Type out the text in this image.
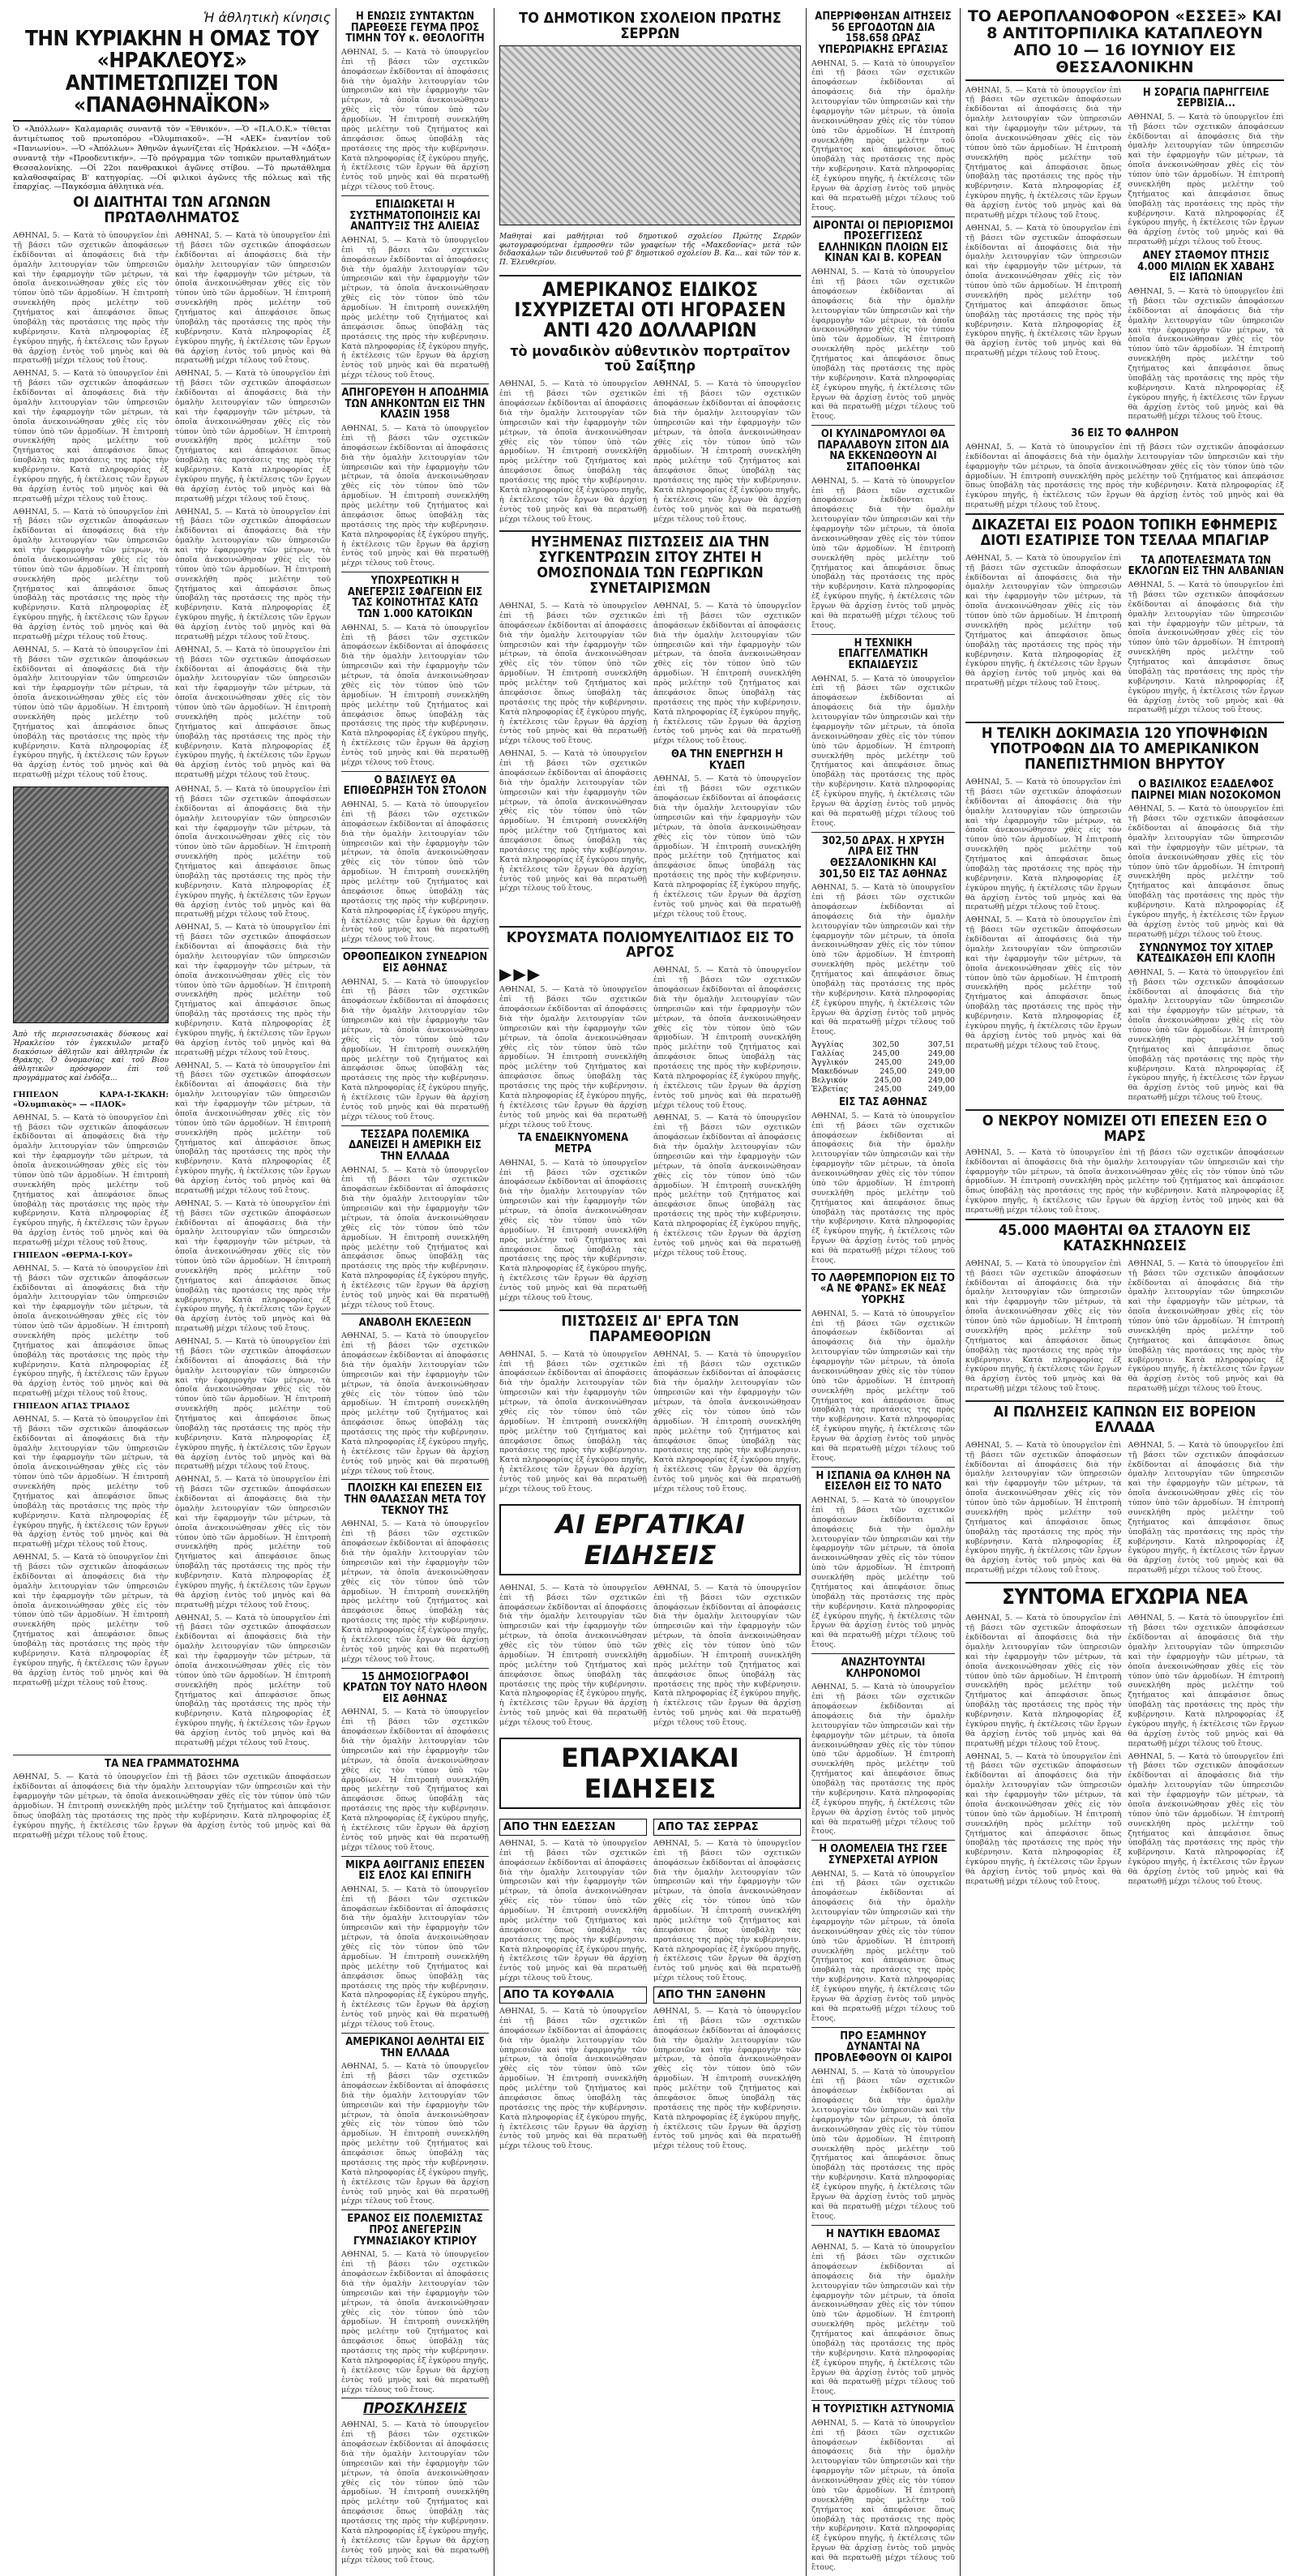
Ἡ ἀθλητικὴ κίνησις
ΤΗΝ ΚΥΡΙΑΚΗΝ Η ΟΜΑΣ ΤΟΥ «ΗΡΑΚΛΕΟΥΣ» ΑΝΤΙΜΕΤΩΠΙΖΕΙ ΤΟΝ «ΠΑΝΑΘΗΝΑΪΚΟΝ»

Ὁ «Ἀπόλλων» Καλαμαριᾶς συναντᾷ τὸν «Ἐθνικόν». —Ὁ «Π.Α.Ο.Κ.» τίθεται ἀντιμέτωπος τοῦ πρωτοπόρου «Ὀλυμπιακοῦ». —Ἡ «ΑΕΚ» ἐναντίον τοῦ «Πανιωνίου». —Ὁ «Ἀπόλλων» Ἀθηνῶν ἀγωνίζεται εἰς Ἡράκλειον. —Ἡ «Δόξα» συναντᾷ τὴν «Προοδευτικήν». —Τὸ πρόγραμμα τῶν τοπικῶν πρωταθλημάτων Θεσσαλονίκης. —Οἱ 22οι πανθρακικοὶ ἀγῶνες στίβου. —Τὸ πρωτάθλημα καλαθοσφαίρας Β' κατηγορίας. —Οἱ φιλικοὶ ἀγῶνες τῆς πόλεως καὶ τῆς ἐπαρχίας. —Παγκόσμια ἀθλητικὰ νέα.

ΟΙ ΔΙΑΙΤΗΤΑΙ ΤΩΝ ΑΓΩΝΩΝ ΠΡΩΤΑΘΛΗΜΑΤΟΣ

ΑΘΗΝΑΙ, 5. — Κατὰ τὸ ὑπουργεῖον ἐπὶ τῇ βάσει τῶν σχετικῶν ἀποφάσεων ἐκδίδονται αἱ ἀποφάσεις διὰ τὴν ὁμαλὴν λειτουργίαν τῶν ὑπηρεσιῶν καὶ τὴν ἐφαρμογὴν τῶν μέτρων, τὰ ὁποῖα ἀνεκοινώθησαν χθὲς εἰς τὸν τύπον ὑπὸ τῶν ἀρμοδίων. Ἡ ἐπιτροπὴ συνεκλήθη πρὸς μελέτην τοῦ ζητήματος καὶ ἀπεφάσισε ὅπως ὑποβάλῃ τὰς προτάσεις της πρὸς τὴν κυβέρνησιν. Κατὰ πληροφορίας ἐξ ἐγκύρου πηγῆς, ἡ ἐκτέλεσις τῶν ἔργων θὰ ἀρχίσῃ ἐντὸς τοῦ μηνὸς καὶ θὰ περατωθῇ μέχρι τέλους τοῦ ἔτους.

ΑΘΗΝΑΙ, 5. — Κατὰ τὸ ὑπουργεῖον ἐπὶ τῇ βάσει τῶν σχετικῶν ἀποφάσεων ἐκδίδονται αἱ ἀποφάσεις διὰ τὴν ὁμαλὴν λειτουργίαν τῶν ὑπηρεσιῶν καὶ τὴν ἐφαρμογὴν τῶν μέτρων, τὰ ὁποῖα ἀνεκοινώθησαν χθὲς εἰς τὸν τύπον ὑπὸ τῶν ἀρμοδίων. Ἡ ἐπιτροπὴ συνεκλήθη πρὸς μελέτην τοῦ ζητήματος καὶ ἀπεφάσισε ὅπως ὑποβάλῃ τὰς προτάσεις της πρὸς τὴν κυβέρνησιν. Κατὰ πληροφορίας ἐξ ἐγκύρου πηγῆς, ἡ ἐκτέλεσις τῶν ἔργων θὰ ἀρχίσῃ ἐντὸς τοῦ μηνὸς καὶ θὰ περατωθῇ μέχρι τέλους τοῦ ἔτους.

ΑΘΗΝΑΙ, 5. — Κατὰ τὸ ὑπουργεῖον ἐπὶ τῇ βάσει τῶν σχετικῶν ἀποφάσεων ἐκδίδονται αἱ ἀποφάσεις διὰ τὴν ὁμαλὴν λειτουργίαν τῶν ὑπηρεσιῶν καὶ τὴν ἐφαρμογὴν τῶν μέτρων, τὰ ὁποῖα ἀνεκοινώθησαν χθὲς εἰς τὸν τύπον ὑπὸ τῶν ἀρμοδίων. Ἡ ἐπιτροπὴ συνεκλήθη πρὸς μελέτην τοῦ ζητήματος καὶ ἀπεφάσισε ὅπως ὑποβάλῃ τὰς προτάσεις της πρὸς τὴν κυβέρνησιν. Κατὰ πληροφορίας ἐξ ἐγκύρου πηγῆς, ἡ ἐκτέλεσις τῶν ἔργων θὰ ἀρχίσῃ ἐντὸς τοῦ μηνὸς καὶ θὰ περατωθῇ μέχρι τέλους τοῦ ἔτους.

ΑΘΗΝΑΙ, 5. — Κατὰ τὸ ὑπουργεῖον ἐπὶ τῇ βάσει τῶν σχετικῶν ἀποφάσεων ἐκδίδονται αἱ ἀποφάσεις διὰ τὴν ὁμαλὴν λειτουργίαν τῶν ὑπηρεσιῶν καὶ τὴν ἐφαρμογὴν τῶν μέτρων, τὰ ὁποῖα ἀνεκοινώθησαν χθὲς εἰς τὸν τύπον ὑπὸ τῶν ἀρμοδίων. Ἡ ἐπιτροπὴ συνεκλήθη πρὸς μελέτην τοῦ ζητήματος καὶ ἀπεφάσισε ὅπως ὑποβάλῃ τὰς προτάσεις της πρὸς τὴν κυβέρνησιν. Κατὰ πληροφορίας ἐξ ἐγκύρου πηγῆς, ἡ ἐκτέλεσις τῶν ἔργων θὰ ἀρχίσῃ ἐντὸς τοῦ μηνὸς καὶ θὰ περατωθῇ μέχρι τέλους τοῦ ἔτους.

ΑΘΗΝΑΙ, 5. — Κατὰ τὸ ὑπουργεῖον ἐπὶ τῇ βάσει τῶν σχετικῶν ἀποφάσεων ἐκδίδονται αἱ ἀποφάσεις διὰ τὴν ὁμαλὴν λειτουργίαν τῶν ὑπηρεσιῶν καὶ τὴν ἐφαρμογὴν τῶν μέτρων, τὰ ὁποῖα ἀνεκοινώθησαν χθὲς εἰς τὸν τύπον ὑπὸ τῶν ἀρμοδίων. Ἡ ἐπιτροπὴ συνεκλήθη πρὸς μελέτην τοῦ ζητήματος καὶ ἀπεφάσισε ὅπως ὑποβάλῃ τὰς προτάσεις της πρὸς τὴν κυβέρνησιν. Κατὰ πληροφορίας ἐξ ἐγκύρου πηγῆς, ἡ ἐκτέλεσις τῶν ἔργων θὰ ἀρχίσῃ ἐντὸς τοῦ μηνὸς καὶ θὰ περατωθῇ μέχρι τέλους τοῦ ἔτους.

ΑΘΗΝΑΙ, 5. — Κατὰ τὸ ὑπουργεῖον ἐπὶ τῇ βάσει τῶν σχετικῶν ἀποφάσεων ἐκδίδονται αἱ ἀποφάσεις διὰ τὴν ὁμαλὴν λειτουργίαν τῶν ὑπηρεσιῶν καὶ τὴν ἐφαρμογὴν τῶν μέτρων, τὰ ὁποῖα ἀνεκοινώθησαν χθὲς εἰς τὸν τύπον ὑπὸ τῶν ἀρμοδίων. Ἡ ἐπιτροπὴ συνεκλήθη πρὸς μελέτην τοῦ ζητήματος καὶ ἀπεφάσισε ὅπως ὑποβάλῃ τὰς προτάσεις της πρὸς τὴν κυβέρνησιν. Κατὰ πληροφορίας ἐξ ἐγκύρου πηγῆς, ἡ ἐκτέλεσις τῶν ἔργων θὰ ἀρχίσῃ ἐντὸς τοῦ μηνὸς καὶ θὰ περατωθῇ μέχρι τέλους τοῦ ἔτους.

ΑΘΗΝΑΙ, 5. — Κατὰ τὸ ὑπουργεῖον ἐπὶ τῇ βάσει τῶν σχετικῶν ἀποφάσεων ἐκδίδονται αἱ ἀποφάσεις διὰ τὴν ὁμαλὴν λειτουργίαν τῶν ὑπηρεσιῶν καὶ τὴν ἐφαρμογὴν τῶν μέτρων, τὰ ὁποῖα ἀνεκοινώθησαν χθὲς εἰς τὸν τύπον ὑπὸ τῶν ἀρμοδίων. Ἡ ἐπιτροπὴ συνεκλήθη πρὸς μελέτην τοῦ ζητήματος καὶ ἀπεφάσισε ὅπως ὑποβάλῃ τὰς προτάσεις της πρὸς τὴν κυβέρνησιν. Κατὰ πληροφορίας ἐξ ἐγκύρου πηγῆς, ἡ ἐκτέλεσις τῶν ἔργων θὰ ἀρχίσῃ ἐντὸς τοῦ μηνὸς καὶ θὰ περατωθῇ μέχρι τέλους τοῦ ἔτους.

ΑΘΗΝΑΙ, 5. — Κατὰ τὸ ὑπουργεῖον ἐπὶ τῇ βάσει τῶν σχετικῶν ἀποφάσεων ἐκδίδονται αἱ ἀποφάσεις διὰ τὴν ὁμαλὴν λειτουργίαν τῶν ὑπηρεσιῶν καὶ τὴν ἐφαρμογὴν τῶν μέτρων, τὰ ὁποῖα ἀνεκοινώθησαν χθὲς εἰς τὸν τύπον ὑπὸ τῶν ἀρμοδίων. Ἡ ἐπιτροπὴ συνεκλήθη πρὸς μελέτην τοῦ ζητήματος καὶ ἀπεφάσισε ὅπως ὑποβάλῃ τὰς προτάσεις της πρὸς τὴν κυβέρνησιν. Κατὰ πληροφορίας ἐξ ἐγκύρου πηγῆς, ἡ ἐκτέλεσις τῶν ἔργων θὰ ἀρχίσῃ ἐντὸς τοῦ μηνὸς καὶ θὰ περατωθῇ μέχρι τέλους τοῦ ἔτους.

Ἀπὸ τῆς περισσευσιακὰς δύσκους καὶ Ἡρακλείου τὸν ἐγκεκυλῶν μεταξὺ διακόσιων ἀθλητῶν καὶ ἀθλητριῶν ἐκ Θράκης. Ὁ ὀνομασίας καὶ τοῦ Βίου ἀθλητικῶν πρόσφορον ἐπὶ τοῦ προγράμματος καὶ ἐνδόξα...

ΓΗΠΕΔΟΝ ΚΑΡΑ-Ι-ΣΚΑΚΗ: «Ὀλυμπιακὸς» — «ΠΑΟΚ»

ΑΘΗΝΑΙ, 5. — Κατὰ τὸ ὑπουργεῖον ἐπὶ τῇ βάσει τῶν σχετικῶν ἀποφάσεων ἐκδίδονται αἱ ἀποφάσεις διὰ τὴν ὁμαλὴν λειτουργίαν τῶν ὑπηρεσιῶν καὶ τὴν ἐφαρμογὴν τῶν μέτρων, τὰ ὁποῖα ἀνεκοινώθησαν χθὲς εἰς τὸν τύπον ὑπὸ τῶν ἀρμοδίων. Ἡ ἐπιτροπὴ συνεκλήθη πρὸς μελέτην τοῦ ζητήματος καὶ ἀπεφάσισε ὅπως ὑποβάλῃ τὰς προτάσεις της πρὸς τὴν κυβέρνησιν. Κατὰ πληροφορίας ἐξ ἐγκύρου πηγῆς, ἡ ἐκτέλεσις τῶν ἔργων θὰ ἀρχίσῃ ἐντὸς τοῦ μηνὸς καὶ θὰ περατωθῇ μέχρι τέλους τοῦ ἔτους.

ΓΗΠΕΔΟΝ «ΘΕΡΜΑ-Ι-ΚΟΥ»

ΑΘΗΝΑΙ, 5. — Κατὰ τὸ ὑπουργεῖον ἐπὶ τῇ βάσει τῶν σχετικῶν ἀποφάσεων ἐκδίδονται αἱ ἀποφάσεις διὰ τὴν ὁμαλὴν λειτουργίαν τῶν ὑπηρεσιῶν καὶ τὴν ἐφαρμογὴν τῶν μέτρων, τὰ ὁποῖα ἀνεκοινώθησαν χθὲς εἰς τὸν τύπον ὑπὸ τῶν ἀρμοδίων. Ἡ ἐπιτροπὴ συνεκλήθη πρὸς μελέτην τοῦ ζητήματος καὶ ἀπεφάσισε ὅπως ὑποβάλῃ τὰς προτάσεις της πρὸς τὴν κυβέρνησιν. Κατὰ πληροφορίας ἐξ ἐγκύρου πηγῆς, ἡ ἐκτέλεσις τῶν ἔργων θὰ ἀρχίσῃ ἐντὸς τοῦ μηνὸς καὶ θὰ περατωθῇ μέχρι τέλους τοῦ ἔτους.

ΓΗΠΕΔΟΝ ΑΓΙΑΣ ΤΡΙΑΔΟΣ

ΑΘΗΝΑΙ, 5. — Κατὰ τὸ ὑπουργεῖον ἐπὶ τῇ βάσει τῶν σχετικῶν ἀποφάσεων ἐκδίδονται αἱ ἀποφάσεις διὰ τὴν ὁμαλὴν λειτουργίαν τῶν ὑπηρεσιῶν καὶ τὴν ἐφαρμογὴν τῶν μέτρων, τὰ ὁποῖα ἀνεκοινώθησαν χθὲς εἰς τὸν τύπον ὑπὸ τῶν ἀρμοδίων. Ἡ ἐπιτροπὴ συνεκλήθη πρὸς μελέτην τοῦ ζητήματος καὶ ἀπεφάσισε ὅπως ὑποβάλῃ τὰς προτάσεις της πρὸς τὴν κυβέρνησιν. Κατὰ πληροφορίας ἐξ ἐγκύρου πηγῆς, ἡ ἐκτέλεσις τῶν ἔργων θὰ ἀρχίσῃ ἐντὸς τοῦ μηνὸς καὶ θὰ περατωθῇ μέχρι τέλους τοῦ ἔτους.

ΑΘΗΝΑΙ, 5. — Κατὰ τὸ ὑπουργεῖον ἐπὶ τῇ βάσει τῶν σχετικῶν ἀποφάσεων ἐκδίδονται αἱ ἀποφάσεις διὰ τὴν ὁμαλὴν λειτουργίαν τῶν ὑπηρεσιῶν καὶ τὴν ἐφαρμογὴν τῶν μέτρων, τὰ ὁποῖα ἀνεκοινώθησαν χθὲς εἰς τὸν τύπον ὑπὸ τῶν ἀρμοδίων. Ἡ ἐπιτροπὴ συνεκλήθη πρὸς μελέτην τοῦ ζητήματος καὶ ἀπεφάσισε ὅπως ὑποβάλῃ τὰς προτάσεις της πρὸς τὴν κυβέρνησιν. Κατὰ πληροφορίας ἐξ ἐγκύρου πηγῆς, ἡ ἐκτέλεσις τῶν ἔργων θὰ ἀρχίσῃ ἐντὸς τοῦ μηνὸς καὶ θὰ περατωθῇ μέχρι τέλους τοῦ ἔτους.

ΑΘΗΝΑΙ, 5. — Κατὰ τὸ ὑπουργεῖον ἐπὶ τῇ βάσει τῶν σχετικῶν ἀποφάσεων ἐκδίδονται αἱ ἀποφάσεις διὰ τὴν ὁμαλὴν λειτουργίαν τῶν ὑπηρεσιῶν καὶ τὴν ἐφαρμογὴν τῶν μέτρων, τὰ ὁποῖα ἀνεκοινώθησαν χθὲς εἰς τὸν τύπον ὑπὸ τῶν ἀρμοδίων. Ἡ ἐπιτροπὴ συνεκλήθη πρὸς μελέτην τοῦ ζητήματος καὶ ἀπεφάσισε ὅπως ὑποβάλῃ τὰς προτάσεις της πρὸς τὴν κυβέρνησιν. Κατὰ πληροφορίας ἐξ ἐγκύρου πηγῆς, ἡ ἐκτέλεσις τῶν ἔργων θὰ ἀρχίσῃ ἐντὸς τοῦ μηνὸς καὶ θὰ περατωθῇ μέχρι τέλους τοῦ ἔτους.

ΑΘΗΝΑΙ, 5. — Κατὰ τὸ ὑπουργεῖον ἐπὶ τῇ βάσει τῶν σχετικῶν ἀποφάσεων ἐκδίδονται αἱ ἀποφάσεις διὰ τὴν ὁμαλὴν λειτουργίαν τῶν ὑπηρεσιῶν καὶ τὴν ἐφαρμογὴν τῶν μέτρων, τὰ ὁποῖα ἀνεκοινώθησαν χθὲς εἰς τὸν τύπον ὑπὸ τῶν ἀρμοδίων. Ἡ ἐπιτροπὴ συνεκλήθη πρὸς μελέτην τοῦ ζητήματος καὶ ἀπεφάσισε ὅπως ὑποβάλῃ τὰς προτάσεις της πρὸς τὴν κυβέρνησιν. Κατὰ πληροφορίας ἐξ ἐγκύρου πηγῆς, ἡ ἐκτέλεσις τῶν ἔργων θὰ ἀρχίσῃ ἐντὸς τοῦ μηνὸς καὶ θὰ περατωθῇ μέχρι τέλους τοῦ ἔτους.

ΑΘΗΝΑΙ, 5. — Κατὰ τὸ ὑπουργεῖον ἐπὶ τῇ βάσει τῶν σχετικῶν ἀποφάσεων ἐκδίδονται αἱ ἀποφάσεις διὰ τὴν ὁμαλὴν λειτουργίαν τῶν ὑπηρεσιῶν καὶ τὴν ἐφαρμογὴν τῶν μέτρων, τὰ ὁποῖα ἀνεκοινώθησαν χθὲς εἰς τὸν τύπον ὑπὸ τῶν ἀρμοδίων. Ἡ ἐπιτροπὴ συνεκλήθη πρὸς μελέτην τοῦ ζητήματος καὶ ἀπεφάσισε ὅπως ὑποβάλῃ τὰς προτάσεις της πρὸς τὴν κυβέρνησιν. Κατὰ πληροφορίας ἐξ ἐγκύρου πηγῆς, ἡ ἐκτέλεσις τῶν ἔργων θὰ ἀρχίσῃ ἐντὸς τοῦ μηνὸς καὶ θὰ περατωθῇ μέχρι τέλους τοῦ ἔτους.

ΑΘΗΝΑΙ, 5. — Κατὰ τὸ ὑπουργεῖον ἐπὶ τῇ βάσει τῶν σχετικῶν ἀποφάσεων ἐκδίδονται αἱ ἀποφάσεις διὰ τὴν ὁμαλὴν λειτουργίαν τῶν ὑπηρεσιῶν καὶ τὴν ἐφαρμογὴν τῶν μέτρων, τὰ ὁποῖα ἀνεκοινώθησαν χθὲς εἰς τὸν τύπον ὑπὸ τῶν ἀρμοδίων. Ἡ ἐπιτροπὴ συνεκλήθη πρὸς μελέτην τοῦ ζητήματος καὶ ἀπεφάσισε ὅπως ὑποβάλῃ τὰς προτάσεις της πρὸς τὴν κυβέρνησιν. Κατὰ πληροφορίας ἐξ ἐγκύρου πηγῆς, ἡ ἐκτέλεσις τῶν ἔργων θὰ ἀρχίσῃ ἐντὸς τοῦ μηνὸς καὶ θὰ περατωθῇ μέχρι τέλους τοῦ ἔτους.

ΑΘΗΝΑΙ, 5. — Κατὰ τὸ ὑπουργεῖον ἐπὶ τῇ βάσει τῶν σχετικῶν ἀποφάσεων ἐκδίδονται αἱ ἀποφάσεις διὰ τὴν ὁμαλὴν λειτουργίαν τῶν ὑπηρεσιῶν καὶ τὴν ἐφαρμογὴν τῶν μέτρων, τὰ ὁποῖα ἀνεκοινώθησαν χθὲς εἰς τὸν τύπον ὑπὸ τῶν ἀρμοδίων. Ἡ ἐπιτροπὴ συνεκλήθη πρὸς μελέτην τοῦ ζητήματος καὶ ἀπεφάσισε ὅπως ὑποβάλῃ τὰς προτάσεις της πρὸς τὴν κυβέρνησιν. Κατὰ πληροφορίας ἐξ ἐγκύρου πηγῆς, ἡ ἐκτέλεσις τῶν ἔργων θὰ ἀρχίσῃ ἐντὸς τοῦ μηνὸς καὶ θὰ περατωθῇ μέχρι τέλους τοῦ ἔτους.

ΑΘΗΝΑΙ, 5. — Κατὰ τὸ ὑπουργεῖον ἐπὶ τῇ βάσει τῶν σχετικῶν ἀποφάσεων ἐκδίδονται αἱ ἀποφάσεις διὰ τὴν ὁμαλὴν λειτουργίαν τῶν ὑπηρεσιῶν καὶ τὴν ἐφαρμογὴν τῶν μέτρων, τὰ ὁποῖα ἀνεκοινώθησαν χθὲς εἰς τὸν τύπον ὑπὸ τῶν ἀρμοδίων. Ἡ ἐπιτροπὴ συνεκλήθη πρὸς μελέτην τοῦ ζητήματος καὶ ἀπεφάσισε ὅπως ὑποβάλῃ τὰς προτάσεις της πρὸς τὴν κυβέρνησιν. Κατὰ πληροφορίας ἐξ ἐγκύρου πηγῆς, ἡ ἐκτέλεσις τῶν ἔργων θὰ ἀρχίσῃ ἐντὸς τοῦ μηνὸς καὶ θὰ περατωθῇ μέχρι τέλους τοῦ ἔτους.

ΑΘΗΝΑΙ, 5. — Κατὰ τὸ ὑπουργεῖον ἐπὶ τῇ βάσει τῶν σχετικῶν ἀποφάσεων ἐκδίδονται αἱ ἀποφάσεις διὰ τὴν ὁμαλὴν λειτουργίαν τῶν ὑπηρεσιῶν καὶ τὴν ἐφαρμογὴν τῶν μέτρων, τὰ ὁποῖα ἀνεκοινώθησαν χθὲς εἰς τὸν τύπον ὑπὸ τῶν ἀρμοδίων. Ἡ ἐπιτροπὴ συνεκλήθη πρὸς μελέτην τοῦ ζητήματος καὶ ἀπεφάσισε ὅπως ὑποβάλῃ τὰς προτάσεις της πρὸς τὴν κυβέρνησιν. Κατὰ πληροφορίας ἐξ ἐγκύρου πηγῆς, ἡ ἐκτέλεσις τῶν ἔργων θὰ ἀρχίσῃ ἐντὸς τοῦ μηνὸς καὶ θὰ περατωθῇ μέχρι τέλους τοῦ ἔτους.

ΤΑ ΝΕΑ ΓΡΑΜΜΑΤΟΣΗΜΑ

ΑΘΗΝΑΙ, 5. — Κατὰ τὸ ὑπουργεῖον ἐπὶ τῇ βάσει τῶν σχετικῶν ἀποφάσεων ἐκδίδονται αἱ ἀποφάσεις διὰ τὴν ὁμαλὴν λειτουργίαν τῶν ὑπηρεσιῶν καὶ τὴν ἐφαρμογὴν τῶν μέτρων, τὰ ὁποῖα ἀνεκοινώθησαν χθὲς εἰς τὸν τύπον ὑπὸ τῶν ἀρμοδίων. Ἡ ἐπιτροπὴ συνεκλήθη πρὸς μελέτην τοῦ ζητήματος καὶ ἀπεφάσισε ὅπως ὑποβάλῃ τὰς προτάσεις της πρὸς τὴν κυβέρνησιν. Κατὰ πληροφορίας ἐξ ἐγκύρου πηγῆς, ἡ ἐκτέλεσις τῶν ἔργων θὰ ἀρχίσῃ ἐντὸς τοῦ μηνὸς καὶ θὰ περατωθῇ μέχρι τέλους τοῦ ἔτους.

Η ΕΝΩΣΙΣ ΣΥΝΤΑΚΤΩΝ ΠΑΡΕΘΕΣΕ ΓΕΥΜΑ ΠΡΟΣ ΤΙΜΗΝ ΤΟΥ κ. ΘΕΟΛΟΓΙΤΗ

ΑΘΗΝΑΙ, 5. — Κατὰ τὸ ὑπουργεῖον ἐπὶ τῇ βάσει τῶν σχετικῶν ἀποφάσεων ἐκδίδονται αἱ ἀποφάσεις διὰ τὴν ὁμαλὴν λειτουργίαν τῶν ὑπηρεσιῶν καὶ τὴν ἐφαρμογὴν τῶν μέτρων, τὰ ὁποῖα ἀνεκοινώθησαν χθὲς εἰς τὸν τύπον ὑπὸ τῶν ἀρμοδίων. Ἡ ἐπιτροπὴ συνεκλήθη πρὸς μελέτην τοῦ ζητήματος καὶ ἀπεφάσισε ὅπως ὑποβάλῃ τὰς προτάσεις της πρὸς τὴν κυβέρνησιν. Κατὰ πληροφορίας ἐξ ἐγκύρου πηγῆς, ἡ ἐκτέλεσις τῶν ἔργων θὰ ἀρχίσῃ ἐντὸς τοῦ μηνὸς καὶ θὰ περατωθῇ μέχρι τέλους τοῦ ἔτους.

ΕΠΙΔΙΩΚΕΤΑΙ Η ΣΥΣΤΗΜΑΤΟΠΟΙΗΣΙΣ ΚΑΙ ΑΝΑΠΤΥΞΙΣ ΤΗΣ ΑΛΙΕΙΑΣ

ΑΘΗΝΑΙ, 5. — Κατὰ τὸ ὑπουργεῖον ἐπὶ τῇ βάσει τῶν σχετικῶν ἀποφάσεων ἐκδίδονται αἱ ἀποφάσεις διὰ τὴν ὁμαλὴν λειτουργίαν τῶν ὑπηρεσιῶν καὶ τὴν ἐφαρμογὴν τῶν μέτρων, τὰ ὁποῖα ἀνεκοινώθησαν χθὲς εἰς τὸν τύπον ὑπὸ τῶν ἀρμοδίων. Ἡ ἐπιτροπὴ συνεκλήθη πρὸς μελέτην τοῦ ζητήματος καὶ ἀπεφάσισε ὅπως ὑποβάλῃ τὰς προτάσεις της πρὸς τὴν κυβέρνησιν. Κατὰ πληροφορίας ἐξ ἐγκύρου πηγῆς, ἡ ἐκτέλεσις τῶν ἔργων θὰ ἀρχίσῃ ἐντὸς τοῦ μηνὸς καὶ θὰ περατωθῇ μέχρι τέλους τοῦ ἔτους.

ΑΠΗΓΟΡΕΥΘΗ Η ΑΠΟΔΗΜΙΑ ΤΩΝ ΑΝΗΚΟΝΤΩΝ ΕΙΣ ΤΗΝ ΚΛΑΣΙΝ 1958

ΑΘΗΝΑΙ, 5. — Κατὰ τὸ ὑπουργεῖον ἐπὶ τῇ βάσει τῶν σχετικῶν ἀποφάσεων ἐκδίδονται αἱ ἀποφάσεις διὰ τὴν ὁμαλὴν λειτουργίαν τῶν ὑπηρεσιῶν καὶ τὴν ἐφαρμογὴν τῶν μέτρων, τὰ ὁποῖα ἀνεκοινώθησαν χθὲς εἰς τὸν τύπον ὑπὸ τῶν ἀρμοδίων. Ἡ ἐπιτροπὴ συνεκλήθη πρὸς μελέτην τοῦ ζητήματος καὶ ἀπεφάσισε ὅπως ὑποβάλῃ τὰς προτάσεις της πρὸς τὴν κυβέρνησιν. Κατὰ πληροφορίας ἐξ ἐγκύρου πηγῆς, ἡ ἐκτέλεσις τῶν ἔργων θὰ ἀρχίσῃ ἐντὸς τοῦ μηνὸς καὶ θὰ περατωθῇ μέχρι τέλους τοῦ ἔτους.

ΥΠΟΧΡΕΩΤΙΚΗ Η ΑΝΕΓΕΡΣΙΣ ΣΦΑΓΕΙΩΝ ΕΙΣ ΤΑΣ ΚΟΙΝΟΤΗΤΑΣ ΚΑΤΩ ΤΩΝ 1.000 ΚΑΤΟΙΚΩΝ

ΑΘΗΝΑΙ, 5. — Κατὰ τὸ ὑπουργεῖον ἐπὶ τῇ βάσει τῶν σχετικῶν ἀποφάσεων ἐκδίδονται αἱ ἀποφάσεις διὰ τὴν ὁμαλὴν λειτουργίαν τῶν ὑπηρεσιῶν καὶ τὴν ἐφαρμογὴν τῶν μέτρων, τὰ ὁποῖα ἀνεκοινώθησαν χθὲς εἰς τὸν τύπον ὑπὸ τῶν ἀρμοδίων. Ἡ ἐπιτροπὴ συνεκλήθη πρὸς μελέτην τοῦ ζητήματος καὶ ἀπεφάσισε ὅπως ὑποβάλῃ τὰς προτάσεις της πρὸς τὴν κυβέρνησιν. Κατὰ πληροφορίας ἐξ ἐγκύρου πηγῆς, ἡ ἐκτέλεσις τῶν ἔργων θὰ ἀρχίσῃ ἐντὸς τοῦ μηνὸς καὶ θὰ περατωθῇ μέχρι τέλους τοῦ ἔτους.

Ο ΒΑΣΙΛΕΥΣ ΘΑ ΕΠΙΘΕΩΡΗΣΗ ΤΟΝ ΣΤΟΛΟΝ

ΑΘΗΝΑΙ, 5. — Κατὰ τὸ ὑπουργεῖον ἐπὶ τῇ βάσει τῶν σχετικῶν ἀποφάσεων ἐκδίδονται αἱ ἀποφάσεις διὰ τὴν ὁμαλὴν λειτουργίαν τῶν ὑπηρεσιῶν καὶ τὴν ἐφαρμογὴν τῶν μέτρων, τὰ ὁποῖα ἀνεκοινώθησαν χθὲς εἰς τὸν τύπον ὑπὸ τῶν ἀρμοδίων. Ἡ ἐπιτροπὴ συνεκλήθη πρὸς μελέτην τοῦ ζητήματος καὶ ἀπεφάσισε ὅπως ὑποβάλῃ τὰς προτάσεις της πρὸς τὴν κυβέρνησιν. Κατὰ πληροφορίας ἐξ ἐγκύρου πηγῆς, ἡ ἐκτέλεσις τῶν ἔργων θὰ ἀρχίσῃ ἐντὸς τοῦ μηνὸς καὶ θὰ περατωθῇ μέχρι τέλους τοῦ ἔτους.

ΟΡΘΟΠΕΔΙΚΟΝ ΣΥΝΕΔΡΙΟΝ ΕΙΣ ΑΘΗΝΑΣ

ΑΘΗΝΑΙ, 5. — Κατὰ τὸ ὑπουργεῖον ἐπὶ τῇ βάσει τῶν σχετικῶν ἀποφάσεων ἐκδίδονται αἱ ἀποφάσεις διὰ τὴν ὁμαλὴν λειτουργίαν τῶν ὑπηρεσιῶν καὶ τὴν ἐφαρμογὴν τῶν μέτρων, τὰ ὁποῖα ἀνεκοινώθησαν χθὲς εἰς τὸν τύπον ὑπὸ τῶν ἀρμοδίων. Ἡ ἐπιτροπὴ συνεκλήθη πρὸς μελέτην τοῦ ζητήματος καὶ ἀπεφάσισε ὅπως ὑποβάλῃ τὰς προτάσεις της πρὸς τὴν κυβέρνησιν. Κατὰ πληροφορίας ἐξ ἐγκύρου πηγῆς, ἡ ἐκτέλεσις τῶν ἔργων θὰ ἀρχίσῃ ἐντὸς τοῦ μηνὸς καὶ θὰ περατωθῇ μέχρι τέλους τοῦ ἔτους.

ΤΕΣΣΑΡΑ ΠΟΛΕΜΙΚΑ ΔΑΝΕΙΖΕΙ Η ΑΜΕΡΙΚΗ ΕΙΣ ΤΗΝ ΕΛΛΑΔΑ

ΑΘΗΝΑΙ, 5. — Κατὰ τὸ ὑπουργεῖον ἐπὶ τῇ βάσει τῶν σχετικῶν ἀποφάσεων ἐκδίδονται αἱ ἀποφάσεις διὰ τὴν ὁμαλὴν λειτουργίαν τῶν ὑπηρεσιῶν καὶ τὴν ἐφαρμογὴν τῶν μέτρων, τὰ ὁποῖα ἀνεκοινώθησαν χθὲς εἰς τὸν τύπον ὑπὸ τῶν ἀρμοδίων. Ἡ ἐπιτροπὴ συνεκλήθη πρὸς μελέτην τοῦ ζητήματος καὶ ἀπεφάσισε ὅπως ὑποβάλῃ τὰς προτάσεις της πρὸς τὴν κυβέρνησιν. Κατὰ πληροφορίας ἐξ ἐγκύρου πηγῆς, ἡ ἐκτέλεσις τῶν ἔργων θὰ ἀρχίσῃ ἐντὸς τοῦ μηνὸς καὶ θὰ περατωθῇ μέχρι τέλους τοῦ ἔτους.

ΑΝΑΒΟΛΗ ΕΚΛΕΞΕΩΝ

ΑΘΗΝΑΙ, 5. — Κατὰ τὸ ὑπουργεῖον ἐπὶ τῇ βάσει τῶν σχετικῶν ἀποφάσεων ἐκδίδονται αἱ ἀποφάσεις διὰ τὴν ὁμαλὴν λειτουργίαν τῶν ὑπηρεσιῶν καὶ τὴν ἐφαρμογὴν τῶν μέτρων, τὰ ὁποῖα ἀνεκοινώθησαν χθὲς εἰς τὸν τύπον ὑπὸ τῶν ἀρμοδίων. Ἡ ἐπιτροπὴ συνεκλήθη πρὸς μελέτην τοῦ ζητήματος καὶ ἀπεφάσισε ὅπως ὑποβάλῃ τὰς προτάσεις της πρὸς τὴν κυβέρνησιν. Κατὰ πληροφορίας ἐξ ἐγκύρου πηγῆς, ἡ ἐκτέλεσις τῶν ἔργων θὰ ἀρχίσῃ ἐντὸς τοῦ μηνὸς καὶ θὰ περατωθῇ μέχρι τέλους τοῦ ἔτους.

ΠΛΟΙΣΚΗ ΚΑΙ ΕΠΕΣΕΝ ΕΙΣ ΤΗΝ ΘΑΛΑΣΣΑΝ ΜΕΤΑ ΤΟΥ ΤΕΚΝΟΥ ΤΗΣ

ΑΘΗΝΑΙ, 5. — Κατὰ τὸ ὑπουργεῖον ἐπὶ τῇ βάσει τῶν σχετικῶν ἀποφάσεων ἐκδίδονται αἱ ἀποφάσεις διὰ τὴν ὁμαλὴν λειτουργίαν τῶν ὑπηρεσιῶν καὶ τὴν ἐφαρμογὴν τῶν μέτρων, τὰ ὁποῖα ἀνεκοινώθησαν χθὲς εἰς τὸν τύπον ὑπὸ τῶν ἀρμοδίων. Ἡ ἐπιτροπὴ συνεκλήθη πρὸς μελέτην τοῦ ζητήματος καὶ ἀπεφάσισε ὅπως ὑποβάλῃ τὰς προτάσεις της πρὸς τὴν κυβέρνησιν. Κατὰ πληροφορίας ἐξ ἐγκύρου πηγῆς, ἡ ἐκτέλεσις τῶν ἔργων θὰ ἀρχίσῃ ἐντὸς τοῦ μηνὸς καὶ θὰ περατωθῇ μέχρι τέλους τοῦ ἔτους.

15 ΔΗΜΟΣΙΟΓΡΑΦΟΙ ΚΡΑΤΩΝ ΤΟΥ ΝΑΤΟ ΗΛΘΟΝ ΕΙΣ ΑΘΗΝΑΣ

ΑΘΗΝΑΙ, 5. — Κατὰ τὸ ὑπουργεῖον ἐπὶ τῇ βάσει τῶν σχετικῶν ἀποφάσεων ἐκδίδονται αἱ ἀποφάσεις διὰ τὴν ὁμαλὴν λειτουργίαν τῶν ὑπηρεσιῶν καὶ τὴν ἐφαρμογὴν τῶν μέτρων, τὰ ὁποῖα ἀνεκοινώθησαν χθὲς εἰς τὸν τύπον ὑπὸ τῶν ἀρμοδίων. Ἡ ἐπιτροπὴ συνεκλήθη πρὸς μελέτην τοῦ ζητήματος καὶ ἀπεφάσισε ὅπως ὑποβάλῃ τὰς προτάσεις της πρὸς τὴν κυβέρνησιν. Κατὰ πληροφορίας ἐξ ἐγκύρου πηγῆς, ἡ ἐκτέλεσις τῶν ἔργων θὰ ἀρχίσῃ ἐντὸς τοῦ μηνὸς καὶ θὰ περατωθῇ μέχρι τέλους τοῦ ἔτους.

ΜΙΚΡΑ ΑΘΙΓΓΑΝΙΣ ΕΠΕΣΕΝ ΕΙΣ ΕΛΟΣ ΚΑΙ ΕΠΝΙΓΗ

ΑΘΗΝΑΙ, 5. — Κατὰ τὸ ὑπουργεῖον ἐπὶ τῇ βάσει τῶν σχετικῶν ἀποφάσεων ἐκδίδονται αἱ ἀποφάσεις διὰ τὴν ὁμαλὴν λειτουργίαν τῶν ὑπηρεσιῶν καὶ τὴν ἐφαρμογὴν τῶν μέτρων, τὰ ὁποῖα ἀνεκοινώθησαν χθὲς εἰς τὸν τύπον ὑπὸ τῶν ἀρμοδίων. Ἡ ἐπιτροπὴ συνεκλήθη πρὸς μελέτην τοῦ ζητήματος καὶ ἀπεφάσισε ὅπως ὑποβάλῃ τὰς προτάσεις της πρὸς τὴν κυβέρνησιν. Κατὰ πληροφορίας ἐξ ἐγκύρου πηγῆς, ἡ ἐκτέλεσις τῶν ἔργων θὰ ἀρχίσῃ ἐντὸς τοῦ μηνὸς καὶ θὰ περατωθῇ μέχρι τέλους τοῦ ἔτους.

ΑΜΕΡΙΚΑΝΟΙ ΑΘΛΗΤΑΙ ΕΙΣ ΤΗΝ ΕΛΛΑΔΑ

ΑΘΗΝΑΙ, 5. — Κατὰ τὸ ὑπουργεῖον ἐπὶ τῇ βάσει τῶν σχετικῶν ἀποφάσεων ἐκδίδονται αἱ ἀποφάσεις διὰ τὴν ὁμαλὴν λειτουργίαν τῶν ὑπηρεσιῶν καὶ τὴν ἐφαρμογὴν τῶν μέτρων, τὰ ὁποῖα ἀνεκοινώθησαν χθὲς εἰς τὸν τύπον ὑπὸ τῶν ἀρμοδίων. Ἡ ἐπιτροπὴ συνεκλήθη πρὸς μελέτην τοῦ ζητήματος καὶ ἀπεφάσισε ὅπως ὑποβάλῃ τὰς προτάσεις της πρὸς τὴν κυβέρνησιν. Κατὰ πληροφορίας ἐξ ἐγκύρου πηγῆς, ἡ ἐκτέλεσις τῶν ἔργων θὰ ἀρχίσῃ ἐντὸς τοῦ μηνὸς καὶ θὰ περατωθῇ μέχρι τέλους τοῦ ἔτους.

ΕΡΑΝΟΣ ΕΙΣ ΠΟΛΕΜΙΣΤΑΣ ΠΡΟΣ ΑΝΕΓΕΡΣΙΝ ΓΥΜΝΑΣΙΑΚΟΥ ΚΤΙΡΙΟΥ

ΑΘΗΝΑΙ, 5. — Κατὰ τὸ ὑπουργεῖον ἐπὶ τῇ βάσει τῶν σχετικῶν ἀποφάσεων ἐκδίδονται αἱ ἀποφάσεις διὰ τὴν ὁμαλὴν λειτουργίαν τῶν ὑπηρεσιῶν καὶ τὴν ἐφαρμογὴν τῶν μέτρων, τὰ ὁποῖα ἀνεκοινώθησαν χθὲς εἰς τὸν τύπον ὑπὸ τῶν ἀρμοδίων. Ἡ ἐπιτροπὴ συνεκλήθη πρὸς μελέτην τοῦ ζητήματος καὶ ἀπεφάσισε ὅπως ὑποβάλῃ τὰς προτάσεις της πρὸς τὴν κυβέρνησιν. Κατὰ πληροφορίας ἐξ ἐγκύρου πηγῆς, ἡ ἐκτέλεσις τῶν ἔργων θὰ ἀρχίσῃ ἐντὸς τοῦ μηνὸς καὶ θὰ περατωθῇ μέχρι τέλους τοῦ ἔτους.

ΠΡΟΣΚΛΗΣΕΙΣ

ΑΘΗΝΑΙ, 5. — Κατὰ τὸ ὑπουργεῖον ἐπὶ τῇ βάσει τῶν σχετικῶν ἀποφάσεων ἐκδίδονται αἱ ἀποφάσεις διὰ τὴν ὁμαλὴν λειτουργίαν τῶν ὑπηρεσιῶν καὶ τὴν ἐφαρμογὴν τῶν μέτρων, τὰ ὁποῖα ἀνεκοινώθησαν χθὲς εἰς τὸν τύπον ὑπὸ τῶν ἀρμοδίων. Ἡ ἐπιτροπὴ συνεκλήθη πρὸς μελέτην τοῦ ζητήματος καὶ ἀπεφάσισε ὅπως ὑποβάλῃ τὰς προτάσεις της πρὸς τὴν κυβέρνησιν. Κατὰ πληροφορίας ἐξ ἐγκύρου πηγῆς, ἡ ἐκτέλεσις τῶν ἔργων θὰ ἀρχίσῃ ἐντὸς τοῦ μηνὸς καὶ θὰ περατωθῇ μέχρι τέλους τοῦ ἔτους.

ΤΟ ΔΗΜΟΤΙΚΟΝ ΣΧΟΛΕΙΟΝ ΠΡΩΤΗΣ ΣΕΡΡΩΝ

Μαθηταὶ καὶ μαθήτριαι τοῦ δημοτικοῦ σχολείου Πρώτης Σερρῶν φωτογραφούμεναι ἐμπροσθεν τῶν γραφείων τῆς «Μακεδονίας» μετὰ τῶν διδασκάλων τῶν διευθυντοῦ τοῦ β' δημοτικοῦ σχολείου Β. Κα... καὶ τῶν τὸν κ. Π. Ἐλευθερίου.

ΑΜΕΡΙΚΑΝΟΣ ΕΙΔΙΚΟΣ ΙΣΧΥΡΙΖΕΤΑΙ ΟΤΙ ΗΓΟΡΑΣΕΝ ΑΝΤΙ 420 ΔΟΛΛΑΡΙΩΝ
τὸ μοναδικὸν αὐθεντικὸν πορτραῖτον τοῦ Σαίξπηρ

ΑΘΗΝΑΙ, 5. — Κατὰ τὸ ὑπουργεῖον ἐπὶ τῇ βάσει τῶν σχετικῶν ἀποφάσεων ἐκδίδονται αἱ ἀποφάσεις διὰ τὴν ὁμαλὴν λειτουργίαν τῶν ὑπηρεσιῶν καὶ τὴν ἐφαρμογὴν τῶν μέτρων, τὰ ὁποῖα ἀνεκοινώθησαν χθὲς εἰς τὸν τύπον ὑπὸ τῶν ἀρμοδίων. Ἡ ἐπιτροπὴ συνεκλήθη πρὸς μελέτην τοῦ ζητήματος καὶ ἀπεφάσισε ὅπως ὑποβάλῃ τὰς προτάσεις της πρὸς τὴν κυβέρνησιν. Κατὰ πληροφορίας ἐξ ἐγκύρου πηγῆς, ἡ ἐκτέλεσις τῶν ἔργων θὰ ἀρχίσῃ ἐντὸς τοῦ μηνὸς καὶ θὰ περατωθῇ μέχρι τέλους τοῦ ἔτους.

ΑΘΗΝΑΙ, 5. — Κατὰ τὸ ὑπουργεῖον ἐπὶ τῇ βάσει τῶν σχετικῶν ἀποφάσεων ἐκδίδονται αἱ ἀποφάσεις διὰ τὴν ὁμαλὴν λειτουργίαν τῶν ὑπηρεσιῶν καὶ τὴν ἐφαρμογὴν τῶν μέτρων, τὰ ὁποῖα ἀνεκοινώθησαν χθὲς εἰς τὸν τύπον ὑπὸ τῶν ἀρμοδίων. Ἡ ἐπιτροπὴ συνεκλήθη πρὸς μελέτην τοῦ ζητήματος καὶ ἀπεφάσισε ὅπως ὑποβάλῃ τὰς προτάσεις της πρὸς τὴν κυβέρνησιν. Κατὰ πληροφορίας ἐξ ἐγκύρου πηγῆς, ἡ ἐκτέλεσις τῶν ἔργων θὰ ἀρχίσῃ ἐντὸς τοῦ μηνὸς καὶ θὰ περατωθῇ μέχρι τέλους τοῦ ἔτους.

ΗΥΞΗΜΕΝΑΣ ΠΙΣΤΩΣΕΙΣ ΔΙΑ ΤΗΝ ΣΥΓΚΕΝΤΡΩΣΙΝ ΣΙΤΟΥ ΖΗΤΕΙ Η ΟΜΟΣΠΟΝΔΙΑ ΤΩΝ ΓΕΩΡΓΙΚΩΝ ΣΥΝΕΤΑΙΡΙΣΜΩΝ

ΑΘΗΝΑΙ, 5. — Κατὰ τὸ ὑπουργεῖον ἐπὶ τῇ βάσει τῶν σχετικῶν ἀποφάσεων ἐκδίδονται αἱ ἀποφάσεις διὰ τὴν ὁμαλὴν λειτουργίαν τῶν ὑπηρεσιῶν καὶ τὴν ἐφαρμογὴν τῶν μέτρων, τὰ ὁποῖα ἀνεκοινώθησαν χθὲς εἰς τὸν τύπον ὑπὸ τῶν ἀρμοδίων. Ἡ ἐπιτροπὴ συνεκλήθη πρὸς μελέτην τοῦ ζητήματος καὶ ἀπεφάσισε ὅπως ὑποβάλῃ τὰς προτάσεις της πρὸς τὴν κυβέρνησιν. Κατὰ πληροφορίας ἐξ ἐγκύρου πηγῆς, ἡ ἐκτέλεσις τῶν ἔργων θὰ ἀρχίσῃ ἐντὸς τοῦ μηνὸς καὶ θὰ περατωθῇ μέχρι τέλους τοῦ ἔτους.

ΑΘΗΝΑΙ, 5. — Κατὰ τὸ ὑπουργεῖον ἐπὶ τῇ βάσει τῶν σχετικῶν ἀποφάσεων ἐκδίδονται αἱ ἀποφάσεις διὰ τὴν ὁμαλὴν λειτουργίαν τῶν ὑπηρεσιῶν καὶ τὴν ἐφαρμογὴν τῶν μέτρων, τὰ ὁποῖα ἀνεκοινώθησαν χθὲς εἰς τὸν τύπον ὑπὸ τῶν ἀρμοδίων. Ἡ ἐπιτροπὴ συνεκλήθη πρὸς μελέτην τοῦ ζητήματος καὶ ἀπεφάσισε ὅπως ὑποβάλῃ τὰς προτάσεις της πρὸς τὴν κυβέρνησιν. Κατὰ πληροφορίας ἐξ ἐγκύρου πηγῆς, ἡ ἐκτέλεσις τῶν ἔργων θὰ ἀρχίσῃ ἐντὸς τοῦ μηνὸς καὶ θὰ περατωθῇ μέχρι τέλους τοῦ ἔτους.

ΑΘΗΝΑΙ, 5. — Κατὰ τὸ ὑπουργεῖον ἐπὶ τῇ βάσει τῶν σχετικῶν ἀποφάσεων ἐκδίδονται αἱ ἀποφάσεις διὰ τὴν ὁμαλὴν λειτουργίαν τῶν ὑπηρεσιῶν καὶ τὴν ἐφαρμογὴν τῶν μέτρων, τὰ ὁποῖα ἀνεκοινώθησαν χθὲς εἰς τὸν τύπον ὑπὸ τῶν ἀρμοδίων. Ἡ ἐπιτροπὴ συνεκλήθη πρὸς μελέτην τοῦ ζητήματος καὶ ἀπεφάσισε ὅπως ὑποβάλῃ τὰς προτάσεις της πρὸς τὴν κυβέρνησιν. Κατὰ πληροφορίας ἐξ ἐγκύρου πηγῆς, ἡ ἐκτέλεσις τῶν ἔργων θὰ ἀρχίσῃ ἐντὸς τοῦ μηνὸς καὶ θὰ περατωθῇ μέχρι τέλους τοῦ ἔτους.

ΘΑ ΤΗΝ ΕΝΕΡΓΗΣΗ Η ΚΥΔΕΠ

ΑΘΗΝΑΙ, 5. — Κατὰ τὸ ὑπουργεῖον ἐπὶ τῇ βάσει τῶν σχετικῶν ἀποφάσεων ἐκδίδονται αἱ ἀποφάσεις διὰ τὴν ὁμαλὴν λειτουργίαν τῶν ὑπηρεσιῶν καὶ τὴν ἐφαρμογὴν τῶν μέτρων, τὰ ὁποῖα ἀνεκοινώθησαν χθὲς εἰς τὸν τύπον ὑπὸ τῶν ἀρμοδίων. Ἡ ἐπιτροπὴ συνεκλήθη πρὸς μελέτην τοῦ ζητήματος καὶ ἀπεφάσισε ὅπως ὑποβάλῃ τὰς προτάσεις της πρὸς τὴν κυβέρνησιν. Κατὰ πληροφορίας ἐξ ἐγκύρου πηγῆς, ἡ ἐκτέλεσις τῶν ἔργων θὰ ἀρχίσῃ ἐντὸς τοῦ μηνὸς καὶ θὰ περατωθῇ μέχρι τέλους τοῦ ἔτους.

ΚΡΟΥΣΜΑΤΑ ΠΟΛΙΟΜΥΕΛΙΤΙΔΟΣ ΕΙΣ ΤΟ ΑΡΓΟΣ
▶▶▶

ΑΘΗΝΑΙ, 5. — Κατὰ τὸ ὑπουργεῖον ἐπὶ τῇ βάσει τῶν σχετικῶν ἀποφάσεων ἐκδίδονται αἱ ἀποφάσεις διὰ τὴν ὁμαλὴν λειτουργίαν τῶν ὑπηρεσιῶν καὶ τὴν ἐφαρμογὴν τῶν μέτρων, τὰ ὁποῖα ἀνεκοινώθησαν χθὲς εἰς τὸν τύπον ὑπὸ τῶν ἀρμοδίων. Ἡ ἐπιτροπὴ συνεκλήθη πρὸς μελέτην τοῦ ζητήματος καὶ ἀπεφάσισε ὅπως ὑποβάλῃ τὰς προτάσεις της πρὸς τὴν κυβέρνησιν. Κατὰ πληροφορίας ἐξ ἐγκύρου πηγῆς, ἡ ἐκτέλεσις τῶν ἔργων θὰ ἀρχίσῃ ἐντὸς τοῦ μηνὸς καὶ θὰ περατωθῇ μέχρι τέλους τοῦ ἔτους.

ΤΑ ΕΝΔΕΙΚΝΥΟΜΕΝΑ ΜΕΤΡΑ

ΑΘΗΝΑΙ, 5. — Κατὰ τὸ ὑπουργεῖον ἐπὶ τῇ βάσει τῶν σχετικῶν ἀποφάσεων ἐκδίδονται αἱ ἀποφάσεις διὰ τὴν ὁμαλὴν λειτουργίαν τῶν ὑπηρεσιῶν καὶ τὴν ἐφαρμογὴν τῶν μέτρων, τὰ ὁποῖα ἀνεκοινώθησαν χθὲς εἰς τὸν τύπον ὑπὸ τῶν ἀρμοδίων. Ἡ ἐπιτροπὴ συνεκλήθη πρὸς μελέτην τοῦ ζητήματος καὶ ἀπεφάσισε ὅπως ὑποβάλῃ τὰς προτάσεις της πρὸς τὴν κυβέρνησιν. Κατὰ πληροφορίας ἐξ ἐγκύρου πηγῆς, ἡ ἐκτέλεσις τῶν ἔργων θὰ ἀρχίσῃ ἐντὸς τοῦ μηνὸς καὶ θὰ περατωθῇ μέχρι τέλους τοῦ ἔτους.

ΑΘΗΝΑΙ, 5. — Κατὰ τὸ ὑπουργεῖον ἐπὶ τῇ βάσει τῶν σχετικῶν ἀποφάσεων ἐκδίδονται αἱ ἀποφάσεις διὰ τὴν ὁμαλὴν λειτουργίαν τῶν ὑπηρεσιῶν καὶ τὴν ἐφαρμογὴν τῶν μέτρων, τὰ ὁποῖα ἀνεκοινώθησαν χθὲς εἰς τὸν τύπον ὑπὸ τῶν ἀρμοδίων. Ἡ ἐπιτροπὴ συνεκλήθη πρὸς μελέτην τοῦ ζητήματος καὶ ἀπεφάσισε ὅπως ὑποβάλῃ τὰς προτάσεις της πρὸς τὴν κυβέρνησιν. Κατὰ πληροφορίας ἐξ ἐγκύρου πηγῆς, ἡ ἐκτέλεσις τῶν ἔργων θὰ ἀρχίσῃ ἐντὸς τοῦ μηνὸς καὶ θὰ περατωθῇ μέχρι τέλους τοῦ ἔτους.

ΑΘΗΝΑΙ, 5. — Κατὰ τὸ ὑπουργεῖον ἐπὶ τῇ βάσει τῶν σχετικῶν ἀποφάσεων ἐκδίδονται αἱ ἀποφάσεις διὰ τὴν ὁμαλὴν λειτουργίαν τῶν ὑπηρεσιῶν καὶ τὴν ἐφαρμογὴν τῶν μέτρων, τὰ ὁποῖα ἀνεκοινώθησαν χθὲς εἰς τὸν τύπον ὑπὸ τῶν ἀρμοδίων. Ἡ ἐπιτροπὴ συνεκλήθη πρὸς μελέτην τοῦ ζητήματος καὶ ἀπεφάσισε ὅπως ὑποβάλῃ τὰς προτάσεις της πρὸς τὴν κυβέρνησιν. Κατὰ πληροφορίας ἐξ ἐγκύρου πηγῆς, ἡ ἐκτέλεσις τῶν ἔργων θὰ ἀρχίσῃ ἐντὸς τοῦ μηνὸς καὶ θὰ περατωθῇ μέχρι τέλους τοῦ ἔτους.

ΠΙΣΤΩΣΕΙΣ ΔΙ' ΕΡΓΑ ΤΩΝ ΠΑΡΑΜΕΘΟΡΙΩΝ

ΑΘΗΝΑΙ, 5. — Κατὰ τὸ ὑπουργεῖον ἐπὶ τῇ βάσει τῶν σχετικῶν ἀποφάσεων ἐκδίδονται αἱ ἀποφάσεις διὰ τὴν ὁμαλὴν λειτουργίαν τῶν ὑπηρεσιῶν καὶ τὴν ἐφαρμογὴν τῶν μέτρων, τὰ ὁποῖα ἀνεκοινώθησαν χθὲς εἰς τὸν τύπον ὑπὸ τῶν ἀρμοδίων. Ἡ ἐπιτροπὴ συνεκλήθη πρὸς μελέτην τοῦ ζητήματος καὶ ἀπεφάσισε ὅπως ὑποβάλῃ τὰς προτάσεις της πρὸς τὴν κυβέρνησιν. Κατὰ πληροφορίας ἐξ ἐγκύρου πηγῆς, ἡ ἐκτέλεσις τῶν ἔργων θὰ ἀρχίσῃ ἐντὸς τοῦ μηνὸς καὶ θὰ περατωθῇ μέχρι τέλους τοῦ ἔτους.

ΑΘΗΝΑΙ, 5. — Κατὰ τὸ ὑπουργεῖον ἐπὶ τῇ βάσει τῶν σχετικῶν ἀποφάσεων ἐκδίδονται αἱ ἀποφάσεις διὰ τὴν ὁμαλὴν λειτουργίαν τῶν ὑπηρεσιῶν καὶ τὴν ἐφαρμογὴν τῶν μέτρων, τὰ ὁποῖα ἀνεκοινώθησαν χθὲς εἰς τὸν τύπον ὑπὸ τῶν ἀρμοδίων. Ἡ ἐπιτροπὴ συνεκλήθη πρὸς μελέτην τοῦ ζητήματος καὶ ἀπεφάσισε ὅπως ὑποβάλῃ τὰς προτάσεις της πρὸς τὴν κυβέρνησιν. Κατὰ πληροφορίας ἐξ ἐγκύρου πηγῆς, ἡ ἐκτέλεσις τῶν ἔργων θὰ ἀρχίσῃ ἐντὸς τοῦ μηνὸς καὶ θὰ περατωθῇ μέχρι τέλους τοῦ ἔτους.

ΑΙ ΕΡΓΑΤΙΚΑΙ ΕΙΔΗΣΕΙΣ

ΑΘΗΝΑΙ, 5. — Κατὰ τὸ ὑπουργεῖον ἐπὶ τῇ βάσει τῶν σχετικῶν ἀποφάσεων ἐκδίδονται αἱ ἀποφάσεις διὰ τὴν ὁμαλὴν λειτουργίαν τῶν ὑπηρεσιῶν καὶ τὴν ἐφαρμογὴν τῶν μέτρων, τὰ ὁποῖα ἀνεκοινώθησαν χθὲς εἰς τὸν τύπον ὑπὸ τῶν ἀρμοδίων. Ἡ ἐπιτροπὴ συνεκλήθη πρὸς μελέτην τοῦ ζητήματος καὶ ἀπεφάσισε ὅπως ὑποβάλῃ τὰς προτάσεις της πρὸς τὴν κυβέρνησιν. Κατὰ πληροφορίας ἐξ ἐγκύρου πηγῆς, ἡ ἐκτέλεσις τῶν ἔργων θὰ ἀρχίσῃ ἐντὸς τοῦ μηνὸς καὶ θὰ περατωθῇ μέχρι τέλους τοῦ ἔτους.

ΑΘΗΝΑΙ, 5. — Κατὰ τὸ ὑπουργεῖον ἐπὶ τῇ βάσει τῶν σχετικῶν ἀποφάσεων ἐκδίδονται αἱ ἀποφάσεις διὰ τὴν ὁμαλὴν λειτουργίαν τῶν ὑπηρεσιῶν καὶ τὴν ἐφαρμογὴν τῶν μέτρων, τὰ ὁποῖα ἀνεκοινώθησαν χθὲς εἰς τὸν τύπον ὑπὸ τῶν ἀρμοδίων. Ἡ ἐπιτροπὴ συνεκλήθη πρὸς μελέτην τοῦ ζητήματος καὶ ἀπεφάσισε ὅπως ὑποβάλῃ τὰς προτάσεις της πρὸς τὴν κυβέρνησιν. Κατὰ πληροφορίας ἐξ ἐγκύρου πηγῆς, ἡ ἐκτέλεσις τῶν ἔργων θὰ ἀρχίσῃ ἐντὸς τοῦ μηνὸς καὶ θὰ περατωθῇ μέχρι τέλους τοῦ ἔτους.

ΕΠΑΡΧΙΑΚΑΙ ΕΙΔΗΣΕΙΣ
ΑΠΟ ΤΗΝ ΕΔΕΣΣΑΝ

ΑΘΗΝΑΙ, 5. — Κατὰ τὸ ὑπουργεῖον ἐπὶ τῇ βάσει τῶν σχετικῶν ἀποφάσεων ἐκδίδονται αἱ ἀποφάσεις διὰ τὴν ὁμαλὴν λειτουργίαν τῶν ὑπηρεσιῶν καὶ τὴν ἐφαρμογὴν τῶν μέτρων, τὰ ὁποῖα ἀνεκοινώθησαν χθὲς εἰς τὸν τύπον ὑπὸ τῶν ἀρμοδίων. Ἡ ἐπιτροπὴ συνεκλήθη πρὸς μελέτην τοῦ ζητήματος καὶ ἀπεφάσισε ὅπως ὑποβάλῃ τὰς προτάσεις της πρὸς τὴν κυβέρνησιν. Κατὰ πληροφορίας ἐξ ἐγκύρου πηγῆς, ἡ ἐκτέλεσις τῶν ἔργων θὰ ἀρχίσῃ ἐντὸς τοῦ μηνὸς καὶ θὰ περατωθῇ μέχρι τέλους τοῦ ἔτους.

ΑΠΟ ΤΑ ΚΟΥΦΑΛΙΑ

ΑΘΗΝΑΙ, 5. — Κατὰ τὸ ὑπουργεῖον ἐπὶ τῇ βάσει τῶν σχετικῶν ἀποφάσεων ἐκδίδονται αἱ ἀποφάσεις διὰ τὴν ὁμαλὴν λειτουργίαν τῶν ὑπηρεσιῶν καὶ τὴν ἐφαρμογὴν τῶν μέτρων, τὰ ὁποῖα ἀνεκοινώθησαν χθὲς εἰς τὸν τύπον ὑπὸ τῶν ἀρμοδίων. Ἡ ἐπιτροπὴ συνεκλήθη πρὸς μελέτην τοῦ ζητήματος καὶ ἀπεφάσισε ὅπως ὑποβάλῃ τὰς προτάσεις της πρὸς τὴν κυβέρνησιν. Κατὰ πληροφορίας ἐξ ἐγκύρου πηγῆς, ἡ ἐκτέλεσις τῶν ἔργων θὰ ἀρχίσῃ ἐντὸς τοῦ μηνὸς καὶ θὰ περατωθῇ μέχρι τέλους τοῦ ἔτους.

ΑΠΟ ΤΑΣ ΣΕΡΡΑΣ

ΑΘΗΝΑΙ, 5. — Κατὰ τὸ ὑπουργεῖον ἐπὶ τῇ βάσει τῶν σχετικῶν ἀποφάσεων ἐκδίδονται αἱ ἀποφάσεις διὰ τὴν ὁμαλὴν λειτουργίαν τῶν ὑπηρεσιῶν καὶ τὴν ἐφαρμογὴν τῶν μέτρων, τὰ ὁποῖα ἀνεκοινώθησαν χθὲς εἰς τὸν τύπον ὑπὸ τῶν ἀρμοδίων. Ἡ ἐπιτροπὴ συνεκλήθη πρὸς μελέτην τοῦ ζητήματος καὶ ἀπεφάσισε ὅπως ὑποβάλῃ τὰς προτάσεις της πρὸς τὴν κυβέρνησιν. Κατὰ πληροφορίας ἐξ ἐγκύρου πηγῆς, ἡ ἐκτέλεσις τῶν ἔργων θὰ ἀρχίσῃ ἐντὸς τοῦ μηνὸς καὶ θὰ περατωθῇ μέχρι τέλους τοῦ ἔτους.

ΑΠΟ ΤΗΝ ΞΑΝΘΗΝ

ΑΘΗΝΑΙ, 5. — Κατὰ τὸ ὑπουργεῖον ἐπὶ τῇ βάσει τῶν σχετικῶν ἀποφάσεων ἐκδίδονται αἱ ἀποφάσεις διὰ τὴν ὁμαλὴν λειτουργίαν τῶν ὑπηρεσιῶν καὶ τὴν ἐφαρμογὴν τῶν μέτρων, τὰ ὁποῖα ἀνεκοινώθησαν χθὲς εἰς τὸν τύπον ὑπὸ τῶν ἀρμοδίων. Ἡ ἐπιτροπὴ συνεκλήθη πρὸς μελέτην τοῦ ζητήματος καὶ ἀπεφάσισε ὅπως ὑποβάλῃ τὰς προτάσεις της πρὸς τὴν κυβέρνησιν. Κατὰ πληροφορίας ἐξ ἐγκύρου πηγῆς, ἡ ἐκτέλεσις τῶν ἔργων θὰ ἀρχίσῃ ἐντὸς τοῦ μηνὸς καὶ θὰ περατωθῇ μέχρι τέλους τοῦ ἔτους.

ΑΠΕΡΡΙΦΘΗΣΑΝ ΑΙΤΗΣΕΙΣ 56 ΕΡΓΟΔΟΤΩΝ ΔΙΑ 158.658 ΩΡΑΣ ΥΠΕΡΩΡΙΑΚΗΣ ΕΡΓΑΣΙΑΣ

ΑΘΗΝΑΙ, 5. — Κατὰ τὸ ὑπουργεῖον ἐπὶ τῇ βάσει τῶν σχετικῶν ἀποφάσεων ἐκδίδονται αἱ ἀποφάσεις διὰ τὴν ὁμαλὴν λειτουργίαν τῶν ὑπηρεσιῶν καὶ τὴν ἐφαρμογὴν τῶν μέτρων, τὰ ὁποῖα ἀνεκοινώθησαν χθὲς εἰς τὸν τύπον ὑπὸ τῶν ἀρμοδίων. Ἡ ἐπιτροπὴ συνεκλήθη πρὸς μελέτην τοῦ ζητήματος καὶ ἀπεφάσισε ὅπως ὑποβάλῃ τὰς προτάσεις της πρὸς τὴν κυβέρνησιν. Κατὰ πληροφορίας ἐξ ἐγκύρου πηγῆς, ἡ ἐκτέλεσις τῶν ἔργων θὰ ἀρχίσῃ ἐντὸς τοῦ μηνὸς καὶ θὰ περατωθῇ μέχρι τέλους τοῦ ἔτους.

ΑΙΡΟΝΤΑΙ ΟΙ ΠΕΡΙΟΡΙΣΜΟΙ ΠΡΟΣΕΓΓΙΣΕΩΣ ΕΛΛΗΝΙΚΩΝ ΠΛΟΙΩΝ ΕΙΣ ΚΙΝΑΝ ΚΑΙ Β. ΚΟΡΕΑΝ

ΑΘΗΝΑΙ, 5. — Κατὰ τὸ ὑπουργεῖον ἐπὶ τῇ βάσει τῶν σχετικῶν ἀποφάσεων ἐκδίδονται αἱ ἀποφάσεις διὰ τὴν ὁμαλὴν λειτουργίαν τῶν ὑπηρεσιῶν καὶ τὴν ἐφαρμογὴν τῶν μέτρων, τὰ ὁποῖα ἀνεκοινώθησαν χθὲς εἰς τὸν τύπον ὑπὸ τῶν ἀρμοδίων. Ἡ ἐπιτροπὴ συνεκλήθη πρὸς μελέτην τοῦ ζητήματος καὶ ἀπεφάσισε ὅπως ὑποβάλῃ τὰς προτάσεις της πρὸς τὴν κυβέρνησιν. Κατὰ πληροφορίας ἐξ ἐγκύρου πηγῆς, ἡ ἐκτέλεσις τῶν ἔργων θὰ ἀρχίσῃ ἐντὸς τοῦ μηνὸς καὶ θὰ περατωθῇ μέχρι τέλους τοῦ ἔτους.

ΟΙ ΚΥΛΙΝΔΡΟΜΥΛΟΙ ΘΑ ΠΑΡΑΛΑΒΟΥΝ ΣΙΤΟΝ ΔΙΑ ΝΑ ΕΚΚΕΝΩΘΟΥΝ ΑΙ ΣΙΤΑΠΟΘΗΚΑΙ

ΑΘΗΝΑΙ, 5. — Κατὰ τὸ ὑπουργεῖον ἐπὶ τῇ βάσει τῶν σχετικῶν ἀποφάσεων ἐκδίδονται αἱ ἀποφάσεις διὰ τὴν ὁμαλὴν λειτουργίαν τῶν ὑπηρεσιῶν καὶ τὴν ἐφαρμογὴν τῶν μέτρων, τὰ ὁποῖα ἀνεκοινώθησαν χθὲς εἰς τὸν τύπον ὑπὸ τῶν ἀρμοδίων. Ἡ ἐπιτροπὴ συνεκλήθη πρὸς μελέτην τοῦ ζητήματος καὶ ἀπεφάσισε ὅπως ὑποβάλῃ τὰς προτάσεις της πρὸς τὴν κυβέρνησιν. Κατὰ πληροφορίας ἐξ ἐγκύρου πηγῆς, ἡ ἐκτέλεσις τῶν ἔργων θὰ ἀρχίσῃ ἐντὸς τοῦ μηνὸς καὶ θὰ περατωθῇ μέχρι τέλους τοῦ ἔτους.

Η ΤΕΧΝΙΚΗ ΕΠΑΓΓΕΛΜΑΤΙΚΗ ΕΚΠΑΙΔΕΥΣΙΣ

ΑΘΗΝΑΙ, 5. — Κατὰ τὸ ὑπουργεῖον ἐπὶ τῇ βάσει τῶν σχετικῶν ἀποφάσεων ἐκδίδονται αἱ ἀποφάσεις διὰ τὴν ὁμαλὴν λειτουργίαν τῶν ὑπηρεσιῶν καὶ τὴν ἐφαρμογὴν τῶν μέτρων, τὰ ὁποῖα ἀνεκοινώθησαν χθὲς εἰς τὸν τύπον ὑπὸ τῶν ἀρμοδίων. Ἡ ἐπιτροπὴ συνεκλήθη πρὸς μελέτην τοῦ ζητήματος καὶ ἀπεφάσισε ὅπως ὑποβάλῃ τὰς προτάσεις της πρὸς τὴν κυβέρνησιν. Κατὰ πληροφορίας ἐξ ἐγκύρου πηγῆς, ἡ ἐκτέλεσις τῶν ἔργων θὰ ἀρχίσῃ ἐντὸς τοῦ μηνὸς καὶ θὰ περατωθῇ μέχρι τέλους τοῦ ἔτους.

302,50 ΔΡΑΧ. Η ΧΡΥΣΗ ΛΙΡΑ ΕΙΣ ΤΗΝ ΘΕΣΣΑΛΟΝΙΚΗΝ ΚΑΙ 301,50 ΕΙΣ ΤΑΣ ΑΘΗΝΑΣ

ΑΘΗΝΑΙ, 5. — Κατὰ τὸ ὑπουργεῖον ἐπὶ τῇ βάσει τῶν σχετικῶν ἀποφάσεων ἐκδίδονται αἱ ἀποφάσεις διὰ τὴν ὁμαλὴν λειτουργίαν τῶν ὑπηρεσιῶν καὶ τὴν ἐφαρμογὴν τῶν μέτρων, τὰ ὁποῖα ἀνεκοινώθησαν χθὲς εἰς τὸν τύπον ὑπὸ τῶν ἀρμοδίων. Ἡ ἐπιτροπὴ συνεκλήθη πρὸς μελέτην τοῦ ζητήματος καὶ ἀπεφάσισε ὅπως ὑποβάλῃ τὰς προτάσεις της πρὸς τὴν κυβέρνησιν. Κατὰ πληροφορίας ἐξ ἐγκύρου πηγῆς, ἡ ἐκτέλεσις τῶν ἔργων θὰ ἀρχίσῃ ἐντὸς τοῦ μηνὸς καὶ θὰ περατωθῇ μέχρι τέλους τοῦ ἔτους.

Ἀγγλίας	302,50	307,51
Γαλλίας	245,00	249,00
Ἀγγλικόν	245,00	249,00
Μακεδόνων	245,00	249,00
Βελγικόν	245,00	249,00
Ἑλβετίας	245,00	249,00
ΕΙΣ ΤΑΣ ΑΘΗΝΑΣ

ΑΘΗΝΑΙ, 5. — Κατὰ τὸ ὑπουργεῖον ἐπὶ τῇ βάσει τῶν σχετικῶν ἀποφάσεων ἐκδίδονται αἱ ἀποφάσεις διὰ τὴν ὁμαλὴν λειτουργίαν τῶν ὑπηρεσιῶν καὶ τὴν ἐφαρμογὴν τῶν μέτρων, τὰ ὁποῖα ἀνεκοινώθησαν χθὲς εἰς τὸν τύπον ὑπὸ τῶν ἀρμοδίων. Ἡ ἐπιτροπὴ συνεκλήθη πρὸς μελέτην τοῦ ζητήματος καὶ ἀπεφάσισε ὅπως ὑποβάλῃ τὰς προτάσεις της πρὸς τὴν κυβέρνησιν. Κατὰ πληροφορίας ἐξ ἐγκύρου πηγῆς, ἡ ἐκτέλεσις τῶν ἔργων θὰ ἀρχίσῃ ἐντὸς τοῦ μηνὸς καὶ θὰ περατωθῇ μέχρι τέλους τοῦ ἔτους.

ΤΟ ΛΑΘΡΕΜΠΟΡΙΟΝ ΕΙΣ ΤΟ «Α ΝΕ ΦΡΑΝΣ» ΕΚ ΝΕΑΣ ΥΟΡΚΗΣ

ΑΘΗΝΑΙ, 5. — Κατὰ τὸ ὑπουργεῖον ἐπὶ τῇ βάσει τῶν σχετικῶν ἀποφάσεων ἐκδίδονται αἱ ἀποφάσεις διὰ τὴν ὁμαλὴν λειτουργίαν τῶν ὑπηρεσιῶν καὶ τὴν ἐφαρμογὴν τῶν μέτρων, τὰ ὁποῖα ἀνεκοινώθησαν χθὲς εἰς τὸν τύπον ὑπὸ τῶν ἀρμοδίων. Ἡ ἐπιτροπὴ συνεκλήθη πρὸς μελέτην τοῦ ζητήματος καὶ ἀπεφάσισε ὅπως ὑποβάλῃ τὰς προτάσεις της πρὸς τὴν κυβέρνησιν. Κατὰ πληροφορίας ἐξ ἐγκύρου πηγῆς, ἡ ἐκτέλεσις τῶν ἔργων θὰ ἀρχίσῃ ἐντὸς τοῦ μηνὸς καὶ θὰ περατωθῇ μέχρι τέλους τοῦ ἔτους.

Η ΙΣΠΑΝΙΑ ΘΑ ΚΛΗΘΗ ΝΑ ΕΙΣΕΛΘΗ ΕΙΣ ΤΟ ΝΑΤΟ

ΑΘΗΝΑΙ, 5. — Κατὰ τὸ ὑπουργεῖον ἐπὶ τῇ βάσει τῶν σχετικῶν ἀποφάσεων ἐκδίδονται αἱ ἀποφάσεις διὰ τὴν ὁμαλὴν λειτουργίαν τῶν ὑπηρεσιῶν καὶ τὴν ἐφαρμογὴν τῶν μέτρων, τὰ ὁποῖα ἀνεκοινώθησαν χθὲς εἰς τὸν τύπον ὑπὸ τῶν ἀρμοδίων. Ἡ ἐπιτροπὴ συνεκλήθη πρὸς μελέτην τοῦ ζητήματος καὶ ἀπεφάσισε ὅπως ὑποβάλῃ τὰς προτάσεις της πρὸς τὴν κυβέρνησιν. Κατὰ πληροφορίας ἐξ ἐγκύρου πηγῆς, ἡ ἐκτέλεσις τῶν ἔργων θὰ ἀρχίσῃ ἐντὸς τοῦ μηνὸς καὶ θὰ περατωθῇ μέχρι τέλους τοῦ ἔτους.

ΑΝΑΖΗΤΟΥΝΤΑΙ ΚΛΗΡΟΝΟΜΟΙ

ΑΘΗΝΑΙ, 5. — Κατὰ τὸ ὑπουργεῖον ἐπὶ τῇ βάσει τῶν σχετικῶν ἀποφάσεων ἐκδίδονται αἱ ἀποφάσεις διὰ τὴν ὁμαλὴν λειτουργίαν τῶν ὑπηρεσιῶν καὶ τὴν ἐφαρμογὴν τῶν μέτρων, τὰ ὁποῖα ἀνεκοινώθησαν χθὲς εἰς τὸν τύπον ὑπὸ τῶν ἀρμοδίων. Ἡ ἐπιτροπὴ συνεκλήθη πρὸς μελέτην τοῦ ζητήματος καὶ ἀπεφάσισε ὅπως ὑποβάλῃ τὰς προτάσεις της πρὸς τὴν κυβέρνησιν. Κατὰ πληροφορίας ἐξ ἐγκύρου πηγῆς, ἡ ἐκτέλεσις τῶν ἔργων θὰ ἀρχίσῃ ἐντὸς τοῦ μηνὸς καὶ θὰ περατωθῇ μέχρι τέλους τοῦ ἔτους.

Η ΟΛΟΜΕΛΕΙΑ ΤΗΣ ΓΣΕΕ ΣΥΝΕΡΧΕΤΑΙ ΑΥΡΙΟΝ

ΑΘΗΝΑΙ, 5. — Κατὰ τὸ ὑπουργεῖον ἐπὶ τῇ βάσει τῶν σχετικῶν ἀποφάσεων ἐκδίδονται αἱ ἀποφάσεις διὰ τὴν ὁμαλὴν λειτουργίαν τῶν ὑπηρεσιῶν καὶ τὴν ἐφαρμογὴν τῶν μέτρων, τὰ ὁποῖα ἀνεκοινώθησαν χθὲς εἰς τὸν τύπον ὑπὸ τῶν ἀρμοδίων. Ἡ ἐπιτροπὴ συνεκλήθη πρὸς μελέτην τοῦ ζητήματος καὶ ἀπεφάσισε ὅπως ὑποβάλῃ τὰς προτάσεις της πρὸς τὴν κυβέρνησιν. Κατὰ πληροφορίας ἐξ ἐγκύρου πηγῆς, ἡ ἐκτέλεσις τῶν ἔργων θὰ ἀρχίσῃ ἐντὸς τοῦ μηνὸς καὶ θὰ περατωθῇ μέχρι τέλους τοῦ ἔτους.

ΠΡΟ ΕΞΑΜΗΝΟΥ ΔΥΝΑΝΤΑΙ ΝΑ ΠΡΟΒΛΕΦΘΟΥΝ ΟΙ ΚΑΙΡΟΙ

ΑΘΗΝΑΙ, 5. — Κατὰ τὸ ὑπουργεῖον ἐπὶ τῇ βάσει τῶν σχετικῶν ἀποφάσεων ἐκδίδονται αἱ ἀποφάσεις διὰ τὴν ὁμαλὴν λειτουργίαν τῶν ὑπηρεσιῶν καὶ τὴν ἐφαρμογὴν τῶν μέτρων, τὰ ὁποῖα ἀνεκοινώθησαν χθὲς εἰς τὸν τύπον ὑπὸ τῶν ἀρμοδίων. Ἡ ἐπιτροπὴ συνεκλήθη πρὸς μελέτην τοῦ ζητήματος καὶ ἀπεφάσισε ὅπως ὑποβάλῃ τὰς προτάσεις της πρὸς τὴν κυβέρνησιν. Κατὰ πληροφορίας ἐξ ἐγκύρου πηγῆς, ἡ ἐκτέλεσις τῶν ἔργων θὰ ἀρχίσῃ ἐντὸς τοῦ μηνὸς καὶ θὰ περατωθῇ μέχρι τέλους τοῦ ἔτους.

Η ΝΑΥΤΙΚΗ ΕΒΔΟΜΑΣ

ΑΘΗΝΑΙ, 5. — Κατὰ τὸ ὑπουργεῖον ἐπὶ τῇ βάσει τῶν σχετικῶν ἀποφάσεων ἐκδίδονται αἱ ἀποφάσεις διὰ τὴν ὁμαλὴν λειτουργίαν τῶν ὑπηρεσιῶν καὶ τὴν ἐφαρμογὴν τῶν μέτρων, τὰ ὁποῖα ἀνεκοινώθησαν χθὲς εἰς τὸν τύπον ὑπὸ τῶν ἀρμοδίων. Ἡ ἐπιτροπὴ συνεκλήθη πρὸς μελέτην τοῦ ζητήματος καὶ ἀπεφάσισε ὅπως ὑποβάλῃ τὰς προτάσεις της πρὸς τὴν κυβέρνησιν. Κατὰ πληροφορίας ἐξ ἐγκύρου πηγῆς, ἡ ἐκτέλεσις τῶν ἔργων θὰ ἀρχίσῃ ἐντὸς τοῦ μηνὸς καὶ θὰ περατωθῇ μέχρι τέλους τοῦ ἔτους.

Η ΤΟΥΡΙΣΤΙΚΗ ΑΣΤΥΝΟΜΙΑ

ΑΘΗΝΑΙ, 5. — Κατὰ τὸ ὑπουργεῖον ἐπὶ τῇ βάσει τῶν σχετικῶν ἀποφάσεων ἐκδίδονται αἱ ἀποφάσεις διὰ τὴν ὁμαλὴν λειτουργίαν τῶν ὑπηρεσιῶν καὶ τὴν ἐφαρμογὴν τῶν μέτρων, τὰ ὁποῖα ἀνεκοινώθησαν χθὲς εἰς τὸν τύπον ὑπὸ τῶν ἀρμοδίων. Ἡ ἐπιτροπὴ συνεκλήθη πρὸς μελέτην τοῦ ζητήματος καὶ ἀπεφάσισε ὅπως ὑποβάλῃ τὰς προτάσεις της πρὸς τὴν κυβέρνησιν. Κατὰ πληροφορίας ἐξ ἐγκύρου πηγῆς, ἡ ἐκτέλεσις τῶν ἔργων θὰ ἀρχίσῃ ἐντὸς τοῦ μηνὸς καὶ θὰ περατωθῇ μέχρι τέλους τοῦ ἔτους.

ΤΟ ΑΕΡΟΠΛΑΝΟΦΟΡΟΝ «ΕΣΣΕΞ» ΚΑΙ 8 ΑΝΤΙΤΟΡΠΙΛΙΚΑ ΚΑΤΑΠΛΕΟΥΝ ΑΠΟ 10 — 16 ΙΟΥΝΙΟΥ ΕΙΣ ΘΕΣΣΑΛΟΝΙΚΗΝ

ΑΘΗΝΑΙ, 5. — Κατὰ τὸ ὑπουργεῖον ἐπὶ τῇ βάσει τῶν σχετικῶν ἀποφάσεων ἐκδίδονται αἱ ἀποφάσεις διὰ τὴν ὁμαλὴν λειτουργίαν τῶν ὑπηρεσιῶν καὶ τὴν ἐφαρμογὴν τῶν μέτρων, τὰ ὁποῖα ἀνεκοινώθησαν χθὲς εἰς τὸν τύπον ὑπὸ τῶν ἀρμοδίων. Ἡ ἐπιτροπὴ συνεκλήθη πρὸς μελέτην τοῦ ζητήματος καὶ ἀπεφάσισε ὅπως ὑποβάλῃ τὰς προτάσεις της πρὸς τὴν κυβέρνησιν. Κατὰ πληροφορίας ἐξ ἐγκύρου πηγῆς, ἡ ἐκτέλεσις τῶν ἔργων θὰ ἀρχίσῃ ἐντὸς τοῦ μηνὸς καὶ θὰ περατωθῇ μέχρι τέλους τοῦ ἔτους.

ΑΘΗΝΑΙ, 5. — Κατὰ τὸ ὑπουργεῖον ἐπὶ τῇ βάσει τῶν σχετικῶν ἀποφάσεων ἐκδίδονται αἱ ἀποφάσεις διὰ τὴν ὁμαλὴν λειτουργίαν τῶν ὑπηρεσιῶν καὶ τὴν ἐφαρμογὴν τῶν μέτρων, τὰ ὁποῖα ἀνεκοινώθησαν χθὲς εἰς τὸν τύπον ὑπὸ τῶν ἀρμοδίων. Ἡ ἐπιτροπὴ συνεκλήθη πρὸς μελέτην τοῦ ζητήματος καὶ ἀπεφάσισε ὅπως ὑποβάλῃ τὰς προτάσεις της πρὸς τὴν κυβέρνησιν. Κατὰ πληροφορίας ἐξ ἐγκύρου πηγῆς, ἡ ἐκτέλεσις τῶν ἔργων θὰ ἀρχίσῃ ἐντὸς τοῦ μηνὸς καὶ θὰ περατωθῇ μέχρι τέλους τοῦ ἔτους.

Η ΣΟΡΑΓΙΑ ΠΑΡΗΓΓΕΙΛΕ ΣΕΡΒΙΣΙΑ...

ΑΘΗΝΑΙ, 5. — Κατὰ τὸ ὑπουργεῖον ἐπὶ τῇ βάσει τῶν σχετικῶν ἀποφάσεων ἐκδίδονται αἱ ἀποφάσεις διὰ τὴν ὁμαλὴν λειτουργίαν τῶν ὑπηρεσιῶν καὶ τὴν ἐφαρμογὴν τῶν μέτρων, τὰ ὁποῖα ἀνεκοινώθησαν χθὲς εἰς τὸν τύπον ὑπὸ τῶν ἀρμοδίων. Ἡ ἐπιτροπὴ συνεκλήθη πρὸς μελέτην τοῦ ζητήματος καὶ ἀπεφάσισε ὅπως ὑποβάλῃ τὰς προτάσεις της πρὸς τὴν κυβέρνησιν. Κατὰ πληροφορίας ἐξ ἐγκύρου πηγῆς, ἡ ἐκτέλεσις τῶν ἔργων θὰ ἀρχίσῃ ἐντὸς τοῦ μηνὸς καὶ θὰ περατωθῇ μέχρι τέλους τοῦ ἔτους.

ΑΝΕΥ ΣΤΑΘΜΟΥ ΠΤΗΣΙΣ 4.000 ΜΙΛΙΩΝ ΕΚ ΧΑΒΑΗΣ ΕΙΣ ΙΑΠΩΝΙΑΝ

ΑΘΗΝΑΙ, 5. — Κατὰ τὸ ὑπουργεῖον ἐπὶ τῇ βάσει τῶν σχετικῶν ἀποφάσεων ἐκδίδονται αἱ ἀποφάσεις διὰ τὴν ὁμαλὴν λειτουργίαν τῶν ὑπηρεσιῶν καὶ τὴν ἐφαρμογὴν τῶν μέτρων, τὰ ὁποῖα ἀνεκοινώθησαν χθὲς εἰς τὸν τύπον ὑπὸ τῶν ἀρμοδίων. Ἡ ἐπιτροπὴ συνεκλήθη πρὸς μελέτην τοῦ ζητήματος καὶ ἀπεφάσισε ὅπως ὑποβάλῃ τὰς προτάσεις της πρὸς τὴν κυβέρνησιν. Κατὰ πληροφορίας ἐξ ἐγκύρου πηγῆς, ἡ ἐκτέλεσις τῶν ἔργων θὰ ἀρχίσῃ ἐντὸς τοῦ μηνὸς καὶ θὰ περατωθῇ μέχρι τέλους τοῦ ἔτους.

36 ΕΙΣ ΤΟ ΦΑΛΗΡΟΝ

ΑΘΗΝΑΙ, 5. — Κατὰ τὸ ὑπουργεῖον ἐπὶ τῇ βάσει τῶν σχετικῶν ἀποφάσεων ἐκδίδονται αἱ ἀποφάσεις διὰ τὴν ὁμαλὴν λειτουργίαν τῶν ὑπηρεσιῶν καὶ τὴν ἐφαρμογὴν τῶν μέτρων, τὰ ὁποῖα ἀνεκοινώθησαν χθὲς εἰς τὸν τύπον ὑπὸ τῶν ἀρμοδίων. Ἡ ἐπιτροπὴ συνεκλήθη πρὸς μελέτην τοῦ ζητήματος καὶ ἀπεφάσισε ὅπως ὑποβάλῃ τὰς προτάσεις της πρὸς τὴν κυβέρνησιν. Κατὰ πληροφορίας ἐξ ἐγκύρου πηγῆς, ἡ ἐκτέλεσις τῶν ἔργων θὰ ἀρχίσῃ ἐντὸς τοῦ μηνὸς καὶ θὰ περατωθῇ μέχρι τέλους τοῦ ἔτους.

ΔΙΚΑΖΕΤΑΙ ΕΙΣ ΡΟΔΟΝ ΤΟΠΙΚΗ ΕΦΗΜΕΡΙΣ ΔΙΟΤΙ ΕΣΑΤΙΡΙΣΕ ΤΟΝ ΤΣΕΛΑΑ ΜΠΑΓΙΑΡ

ΑΘΗΝΑΙ, 5. — Κατὰ τὸ ὑπουργεῖον ἐπὶ τῇ βάσει τῶν σχετικῶν ἀποφάσεων ἐκδίδονται αἱ ἀποφάσεις διὰ τὴν ὁμαλὴν λειτουργίαν τῶν ὑπηρεσιῶν καὶ τὴν ἐφαρμογὴν τῶν μέτρων, τὰ ὁποῖα ἀνεκοινώθησαν χθὲς εἰς τὸν τύπον ὑπὸ τῶν ἀρμοδίων. Ἡ ἐπιτροπὴ συνεκλήθη πρὸς μελέτην τοῦ ζητήματος καὶ ἀπεφάσισε ὅπως ὑποβάλῃ τὰς προτάσεις της πρὸς τὴν κυβέρνησιν. Κατὰ πληροφορίας ἐξ ἐγκύρου πηγῆς, ἡ ἐκτέλεσις τῶν ἔργων θὰ ἀρχίσῃ ἐντὸς τοῦ μηνὸς καὶ θὰ περατωθῇ μέχρι τέλους τοῦ ἔτους.

ΤΑ ΑΠΟΤΕΛΕΣΜΑΤΑ ΤΩΝ ΕΚΛΟΓΩΝ ΕΙΣ ΤΗΝ ΑΛΒΑΝΙΑΝ

ΑΘΗΝΑΙ, 5. — Κατὰ τὸ ὑπουργεῖον ἐπὶ τῇ βάσει τῶν σχετικῶν ἀποφάσεων ἐκδίδονται αἱ ἀποφάσεις διὰ τὴν ὁμαλὴν λειτουργίαν τῶν ὑπηρεσιῶν καὶ τὴν ἐφαρμογὴν τῶν μέτρων, τὰ ὁποῖα ἀνεκοινώθησαν χθὲς εἰς τὸν τύπον ὑπὸ τῶν ἀρμοδίων. Ἡ ἐπιτροπὴ συνεκλήθη πρὸς μελέτην τοῦ ζητήματος καὶ ἀπεφάσισε ὅπως ὑποβάλῃ τὰς προτάσεις της πρὸς τὴν κυβέρνησιν. Κατὰ πληροφορίας ἐξ ἐγκύρου πηγῆς, ἡ ἐκτέλεσις τῶν ἔργων θὰ ἀρχίσῃ ἐντὸς τοῦ μηνὸς καὶ θὰ περατωθῇ μέχρι τέλους τοῦ ἔτους.

Η ΤΕΛΙΚΗ ΔΟΚΙΜΑΣΙΑ 120 ΥΠΟΨΗΦΙΩΝ ΥΠΟΤΡΟΦΩΝ ΔΙΑ ΤΟ ΑΜΕΡΙΚΑΝΙΚΟΝ ΠΑΝΕΠΙΣΤΗΜΙΟΝ ΒΗΡΥΤΟΥ

ΑΘΗΝΑΙ, 5. — Κατὰ τὸ ὑπουργεῖον ἐπὶ τῇ βάσει τῶν σχετικῶν ἀποφάσεων ἐκδίδονται αἱ ἀποφάσεις διὰ τὴν ὁμαλὴν λειτουργίαν τῶν ὑπηρεσιῶν καὶ τὴν ἐφαρμογὴν τῶν μέτρων, τὰ ὁποῖα ἀνεκοινώθησαν χθὲς εἰς τὸν τύπον ὑπὸ τῶν ἀρμοδίων. Ἡ ἐπιτροπὴ συνεκλήθη πρὸς μελέτην τοῦ ζητήματος καὶ ἀπεφάσισε ὅπως ὑποβάλῃ τὰς προτάσεις της πρὸς τὴν κυβέρνησιν. Κατὰ πληροφορίας ἐξ ἐγκύρου πηγῆς, ἡ ἐκτέλεσις τῶν ἔργων θὰ ἀρχίσῃ ἐντὸς τοῦ μηνὸς καὶ θὰ περατωθῇ μέχρι τέλους τοῦ ἔτους.

ΑΘΗΝΑΙ, 5. — Κατὰ τὸ ὑπουργεῖον ἐπὶ τῇ βάσει τῶν σχετικῶν ἀποφάσεων ἐκδίδονται αἱ ἀποφάσεις διὰ τὴν ὁμαλὴν λειτουργίαν τῶν ὑπηρεσιῶν καὶ τὴν ἐφαρμογὴν τῶν μέτρων, τὰ ὁποῖα ἀνεκοινώθησαν χθὲς εἰς τὸν τύπον ὑπὸ τῶν ἀρμοδίων. Ἡ ἐπιτροπὴ συνεκλήθη πρὸς μελέτην τοῦ ζητήματος καὶ ἀπεφάσισε ὅπως ὑποβάλῃ τὰς προτάσεις της πρὸς τὴν κυβέρνησιν. Κατὰ πληροφορίας ἐξ ἐγκύρου πηγῆς, ἡ ἐκτέλεσις τῶν ἔργων θὰ ἀρχίσῃ ἐντὸς τοῦ μηνὸς καὶ θὰ περατωθῇ μέχρι τέλους τοῦ ἔτους.

Ο ΒΑΣΙΛΙΚΟΣ ΕΞΑΔΕΛΦΟΣ ΠΑΙΡΝΕΙ ΜΙΑΝ ΝΟΣΟΚΟΜΟΝ

ΑΘΗΝΑΙ, 5. — Κατὰ τὸ ὑπουργεῖον ἐπὶ τῇ βάσει τῶν σχετικῶν ἀποφάσεων ἐκδίδονται αἱ ἀποφάσεις διὰ τὴν ὁμαλὴν λειτουργίαν τῶν ὑπηρεσιῶν καὶ τὴν ἐφαρμογὴν τῶν μέτρων, τὰ ὁποῖα ἀνεκοινώθησαν χθὲς εἰς τὸν τύπον ὑπὸ τῶν ἀρμοδίων. Ἡ ἐπιτροπὴ συνεκλήθη πρὸς μελέτην τοῦ ζητήματος καὶ ἀπεφάσισε ὅπως ὑποβάλῃ τὰς προτάσεις της πρὸς τὴν κυβέρνησιν. Κατὰ πληροφορίας ἐξ ἐγκύρου πηγῆς, ἡ ἐκτέλεσις τῶν ἔργων θὰ ἀρχίσῃ ἐντὸς τοῦ μηνὸς καὶ θὰ περατωθῇ μέχρι τέλους τοῦ ἔτους.

ΣΥΝΩΝΥΜΟΣ ΤΟΥ ΧΙΤΛΕΡ ΚΑΤΕΔΙΚΑΣΘΗ ΕΠΙ ΚΛΟΠΗ

ΑΘΗΝΑΙ, 5. — Κατὰ τὸ ὑπουργεῖον ἐπὶ τῇ βάσει τῶν σχετικῶν ἀποφάσεων ἐκδίδονται αἱ ἀποφάσεις διὰ τὴν ὁμαλὴν λειτουργίαν τῶν ὑπηρεσιῶν καὶ τὴν ἐφαρμογὴν τῶν μέτρων, τὰ ὁποῖα ἀνεκοινώθησαν χθὲς εἰς τὸν τύπον ὑπὸ τῶν ἀρμοδίων. Ἡ ἐπιτροπὴ συνεκλήθη πρὸς μελέτην τοῦ ζητήματος καὶ ἀπεφάσισε ὅπως ὑποβάλῃ τὰς προτάσεις της πρὸς τὴν κυβέρνησιν. Κατὰ πληροφορίας ἐξ ἐγκύρου πηγῆς, ἡ ἐκτέλεσις τῶν ἔργων θὰ ἀρχίσῃ ἐντὸς τοῦ μηνὸς καὶ θὰ περατωθῇ μέχρι τέλους τοῦ ἔτους.

Ο ΝΕΚΡΟΥ ΝΟΜΙΖΕΙ ΟΤΙ ΕΠΕΣΕΝ ΕΞΩ Ο ΜΑΡΣ

ΑΘΗΝΑΙ, 5. — Κατὰ τὸ ὑπουργεῖον ἐπὶ τῇ βάσει τῶν σχετικῶν ἀποφάσεων ἐκδίδονται αἱ ἀποφάσεις διὰ τὴν ὁμαλὴν λειτουργίαν τῶν ὑπηρεσιῶν καὶ τὴν ἐφαρμογὴν τῶν μέτρων, τὰ ὁποῖα ἀνεκοινώθησαν χθὲς εἰς τὸν τύπον ὑπὸ τῶν ἀρμοδίων. Ἡ ἐπιτροπὴ συνεκλήθη πρὸς μελέτην τοῦ ζητήματος καὶ ἀπεφάσισε ὅπως ὑποβάλῃ τὰς προτάσεις της πρὸς τὴν κυβέρνησιν. Κατὰ πληροφορίας ἐξ ἐγκύρου πηγῆς, ἡ ἐκτέλεσις τῶν ἔργων θὰ ἀρχίσῃ ἐντὸς τοῦ μηνὸς καὶ θὰ περατωθῇ μέχρι τέλους τοῦ ἔτους.

45.000 ΜΑΘΗΤΑΙ ΘΑ ΣΤΑΛΟΥΝ ΕΙΣ ΚΑΤΑΣΚΗΝΩΣΕΙΣ

ΑΘΗΝΑΙ, 5. — Κατὰ τὸ ὑπουργεῖον ἐπὶ τῇ βάσει τῶν σχετικῶν ἀποφάσεων ἐκδίδονται αἱ ἀποφάσεις διὰ τὴν ὁμαλὴν λειτουργίαν τῶν ὑπηρεσιῶν καὶ τὴν ἐφαρμογὴν τῶν μέτρων, τὰ ὁποῖα ἀνεκοινώθησαν χθὲς εἰς τὸν τύπον ὑπὸ τῶν ἀρμοδίων. Ἡ ἐπιτροπὴ συνεκλήθη πρὸς μελέτην τοῦ ζητήματος καὶ ἀπεφάσισε ὅπως ὑποβάλῃ τὰς προτάσεις της πρὸς τὴν κυβέρνησιν. Κατὰ πληροφορίας ἐξ ἐγκύρου πηγῆς, ἡ ἐκτέλεσις τῶν ἔργων θὰ ἀρχίσῃ ἐντὸς τοῦ μηνὸς καὶ θὰ περατωθῇ μέχρι τέλους τοῦ ἔτους.

ΑΘΗΝΑΙ, 5. — Κατὰ τὸ ὑπουργεῖον ἐπὶ τῇ βάσει τῶν σχετικῶν ἀποφάσεων ἐκδίδονται αἱ ἀποφάσεις διὰ τὴν ὁμαλὴν λειτουργίαν τῶν ὑπηρεσιῶν καὶ τὴν ἐφαρμογὴν τῶν μέτρων, τὰ ὁποῖα ἀνεκοινώθησαν χθὲς εἰς τὸν τύπον ὑπὸ τῶν ἀρμοδίων. Ἡ ἐπιτροπὴ συνεκλήθη πρὸς μελέτην τοῦ ζητήματος καὶ ἀπεφάσισε ὅπως ὑποβάλῃ τὰς προτάσεις της πρὸς τὴν κυβέρνησιν. Κατὰ πληροφορίας ἐξ ἐγκύρου πηγῆς, ἡ ἐκτέλεσις τῶν ἔργων θὰ ἀρχίσῃ ἐντὸς τοῦ μηνὸς καὶ θὰ περατωθῇ μέχρι τέλους τοῦ ἔτους.

ΑΙ ΠΩΛΗΣΕΙΣ ΚΑΠΝΩΝ ΕΙΣ ΒΟΡΕΙΟΝ ΕΛΛΑΔΑ

ΑΘΗΝΑΙ, 5. — Κατὰ τὸ ὑπουργεῖον ἐπὶ τῇ βάσει τῶν σχετικῶν ἀποφάσεων ἐκδίδονται αἱ ἀποφάσεις διὰ τὴν ὁμαλὴν λειτουργίαν τῶν ὑπηρεσιῶν καὶ τὴν ἐφαρμογὴν τῶν μέτρων, τὰ ὁποῖα ἀνεκοινώθησαν χθὲς εἰς τὸν τύπον ὑπὸ τῶν ἀρμοδίων. Ἡ ἐπιτροπὴ συνεκλήθη πρὸς μελέτην τοῦ ζητήματος καὶ ἀπεφάσισε ὅπως ὑποβάλῃ τὰς προτάσεις της πρὸς τὴν κυβέρνησιν. Κατὰ πληροφορίας ἐξ ἐγκύρου πηγῆς, ἡ ἐκτέλεσις τῶν ἔργων θὰ ἀρχίσῃ ἐντὸς τοῦ μηνὸς καὶ θὰ περατωθῇ μέχρι τέλους τοῦ ἔτους.

ΑΘΗΝΑΙ, 5. — Κατὰ τὸ ὑπουργεῖον ἐπὶ τῇ βάσει τῶν σχετικῶν ἀποφάσεων ἐκδίδονται αἱ ἀποφάσεις διὰ τὴν ὁμαλὴν λειτουργίαν τῶν ὑπηρεσιῶν καὶ τὴν ἐφαρμογὴν τῶν μέτρων, τὰ ὁποῖα ἀνεκοινώθησαν χθὲς εἰς τὸν τύπον ὑπὸ τῶν ἀρμοδίων. Ἡ ἐπιτροπὴ συνεκλήθη πρὸς μελέτην τοῦ ζητήματος καὶ ἀπεφάσισε ὅπως ὑποβάλῃ τὰς προτάσεις της πρὸς τὴν κυβέρνησιν. Κατὰ πληροφορίας ἐξ ἐγκύρου πηγῆς, ἡ ἐκτέλεσις τῶν ἔργων θὰ ἀρχίσῃ ἐντὸς τοῦ μηνὸς καὶ θὰ περατωθῇ μέχρι τέλους τοῦ ἔτους.

ΣΥΝΤΟΜΑ ΕΓΧΩΡΙΑ ΝΕΑ

ΑΘΗΝΑΙ, 5. — Κατὰ τὸ ὑπουργεῖον ἐπὶ τῇ βάσει τῶν σχετικῶν ἀποφάσεων ἐκδίδονται αἱ ἀποφάσεις διὰ τὴν ὁμαλὴν λειτουργίαν τῶν ὑπηρεσιῶν καὶ τὴν ἐφαρμογὴν τῶν μέτρων, τὰ ὁποῖα ἀνεκοινώθησαν χθὲς εἰς τὸν τύπον ὑπὸ τῶν ἀρμοδίων. Ἡ ἐπιτροπὴ συνεκλήθη πρὸς μελέτην τοῦ ζητήματος καὶ ἀπεφάσισε ὅπως ὑποβάλῃ τὰς προτάσεις της πρὸς τὴν κυβέρνησιν. Κατὰ πληροφορίας ἐξ ἐγκύρου πηγῆς, ἡ ἐκτέλεσις τῶν ἔργων θὰ ἀρχίσῃ ἐντὸς τοῦ μηνὸς καὶ θὰ περατωθῇ μέχρι τέλους τοῦ ἔτους.

ΑΘΗΝΑΙ, 5. — Κατὰ τὸ ὑπουργεῖον ἐπὶ τῇ βάσει τῶν σχετικῶν ἀποφάσεων ἐκδίδονται αἱ ἀποφάσεις διὰ τὴν ὁμαλὴν λειτουργίαν τῶν ὑπηρεσιῶν καὶ τὴν ἐφαρμογὴν τῶν μέτρων, τὰ ὁποῖα ἀνεκοινώθησαν χθὲς εἰς τὸν τύπον ὑπὸ τῶν ἀρμοδίων. Ἡ ἐπιτροπὴ συνεκλήθη πρὸς μελέτην τοῦ ζητήματος καὶ ἀπεφάσισε ὅπως ὑποβάλῃ τὰς προτάσεις της πρὸς τὴν κυβέρνησιν. Κατὰ πληροφορίας ἐξ ἐγκύρου πηγῆς, ἡ ἐκτέλεσις τῶν ἔργων θὰ ἀρχίσῃ ἐντὸς τοῦ μηνὸς καὶ θὰ περατωθῇ μέχρι τέλους τοῦ ἔτους.

ΑΘΗΝΑΙ, 5. — Κατὰ τὸ ὑπουργεῖον ἐπὶ τῇ βάσει τῶν σχετικῶν ἀποφάσεων ἐκδίδονται αἱ ἀποφάσεις διὰ τὴν ὁμαλὴν λειτουργίαν τῶν ὑπηρεσιῶν καὶ τὴν ἐφαρμογὴν τῶν μέτρων, τὰ ὁποῖα ἀνεκοινώθησαν χθὲς εἰς τὸν τύπον ὑπὸ τῶν ἀρμοδίων. Ἡ ἐπιτροπὴ συνεκλήθη πρὸς μελέτην τοῦ ζητήματος καὶ ἀπεφάσισε ὅπως ὑποβάλῃ τὰς προτάσεις της πρὸς τὴν κυβέρνησιν. Κατὰ πληροφορίας ἐξ ἐγκύρου πηγῆς, ἡ ἐκτέλεσις τῶν ἔργων θὰ ἀρχίσῃ ἐντὸς τοῦ μηνὸς καὶ θὰ περατωθῇ μέχρι τέλους τοῦ ἔτους.

ΑΘΗΝΑΙ, 5. — Κατὰ τὸ ὑπουργεῖον ἐπὶ τῇ βάσει τῶν σχετικῶν ἀποφάσεων ἐκδίδονται αἱ ἀποφάσεις διὰ τὴν ὁμαλὴν λειτουργίαν τῶν ὑπηρεσιῶν καὶ τὴν ἐφαρμογὴν τῶν μέτρων, τὰ ὁποῖα ἀνεκοινώθησαν χθὲς εἰς τὸν τύπον ὑπὸ τῶν ἀρμοδίων. Ἡ ἐπιτροπὴ συνεκλήθη πρὸς μελέτην τοῦ ζητήματος καὶ ἀπεφάσισε ὅπως ὑποβάλῃ τὰς προτάσεις της πρὸς τὴν κυβέρνησιν. Κατὰ πληροφορίας ἐξ ἐγκύρου πηγῆς, ἡ ἐκτέλεσις τῶν ἔργων θὰ ἀρχίσῃ ἐντὸς τοῦ μηνὸς καὶ θὰ περατωθῇ μέχρι τέλους τοῦ ἔτους.
